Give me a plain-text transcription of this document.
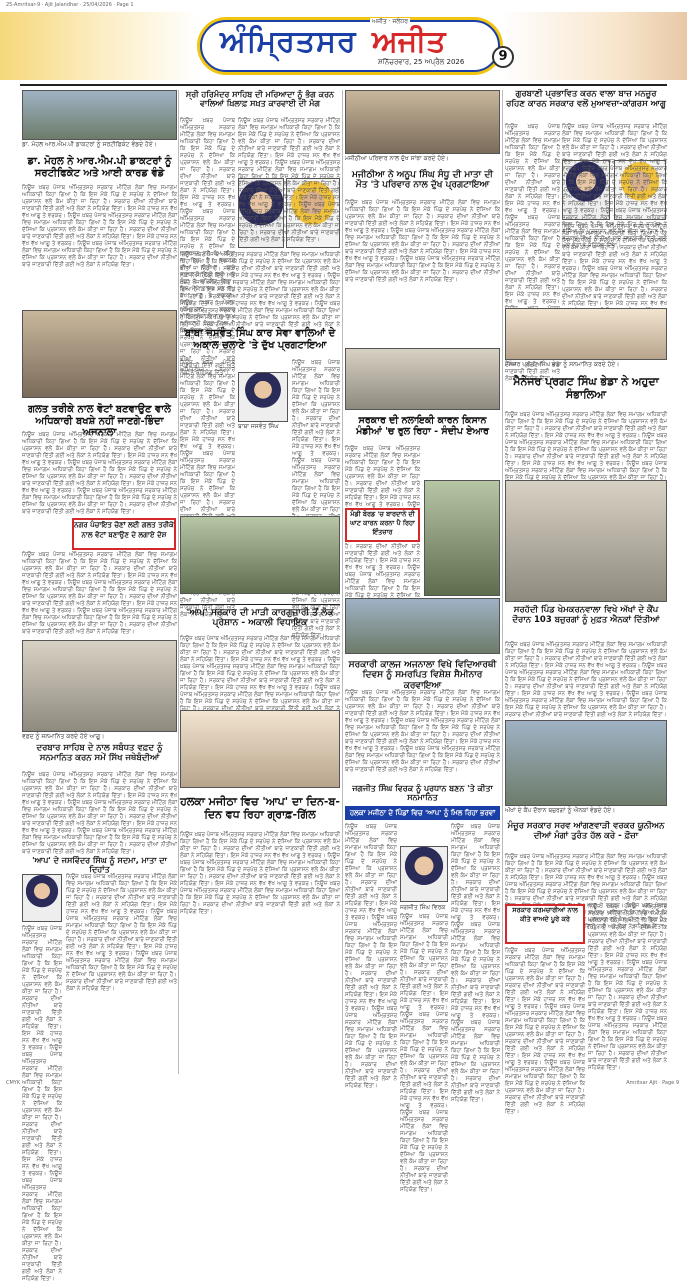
25-Amritsar-9 · Ajit Jalandhar · 25/04/2026 · Page 1
ਅਜੀਤ · ਜਲੰਧਰ
ਅੰਮ੍ਰਿਤਸਰ ਅਜੀਤ
ਸ਼ਨਿੱਚਰਵਾਰ, 25 ਅਪ੍ਰੈਲ 2026	9
ਡਾ. ਮੋਹਲ ਆਰ.ਐਮ.ਪੀ ਡਾਕਟਰਾਂ ਨੂੰ ਸਰਟੀਫਿਕੇਟ ਵੰਡਦੇ ਹੋਏ।
ਡਾ. ਮੋਹਲ ਨੇ ਆਰ.ਐਮ.ਪੀ ਡਾਕਟਰਾਂ ਨੂੰ ਸਰਟੀਫਿਕੇਟ ਅਤੇ ਆਈ ਕਾਰਡ ਵੰਡੇ
ਨਿਊਜ਼ ਖ਼ਬਰ ਪੰਜਾਬ ਅੰਮ੍ਰਿਤਸਰ ਸਰਕਾਰ ਮੀਟਿੰਗ ਲੋਕਾਂ ਵਿਚ ਸਮਾਗਮ ਅਧਿਕਾਰੀ ਕਿਹਾ ਗਿਆ ਹੈ ਕਿ ਇਸ ਮੌਕੇ ਪਿੰਡ ਦੇ ਸਰਪੰਚ ਨੇ ਦੱਸਿਆ ਕਿ ਪ੍ਰਸ਼ਾਸਨ ਵਲੋਂ ਕੰਮ ਕੀਤਾ ਜਾ ਰਿਹਾ ਹੈ। ਸਰਕਾਰ ਦੀਆਂ ਨੀਤੀਆਂ ਬਾਰੇ ਜਾਣਕਾਰੀ ਦਿੱਤੀ ਗਈ ਅਤੇ ਲੋਕਾਂ ਨੇ ਸਹਿਯੋਗ ਦਿੱਤਾ। ਇਸ ਮੌਕੇ ਹਾਜ਼ਰ ਸਨ ਵੱਖ ਵੱਖ ਆਗੂ ਤੇ ਵਰਕਰ। ਨਿਊਜ਼ ਖ਼ਬਰ ਪੰਜਾਬ ਅੰਮ੍ਰਿਤਸਰ ਸਰਕਾਰ ਮੀਟਿੰਗ ਲੋਕਾਂ ਵਿਚ ਸਮਾਗਮ ਅਧਿਕਾਰੀ ਕਿਹਾ ਗਿਆ ਹੈ ਕਿ ਇਸ ਮੌਕੇ ਪਿੰਡ ਦੇ ਸਰਪੰਚ ਨੇ ਦੱਸਿਆ ਕਿ ਪ੍ਰਸ਼ਾਸਨ ਵਲੋਂ ਕੰਮ ਕੀਤਾ ਜਾ ਰਿਹਾ ਹੈ। ਸਰਕਾਰ ਦੀਆਂ ਨੀਤੀਆਂ ਬਾਰੇ ਜਾਣਕਾਰੀ ਦਿੱਤੀ ਗਈ ਅਤੇ ਲੋਕਾਂ ਨੇ ਸਹਿਯੋਗ ਦਿੱਤਾ। ਇਸ ਮੌਕੇ ਹਾਜ਼ਰ ਸਨ ਵੱਖ ਵੱਖ ਆਗੂ ਤੇ ਵਰਕਰ। ਨਿਊਜ਼ ਖ਼ਬਰ ਪੰਜਾਬ ਅੰਮ੍ਰਿਤਸਰ ਸਰਕਾਰ ਮੀਟਿੰਗ ਲੋਕਾਂ ਵਿਚ ਸਮਾਗਮ ਅਧਿਕਾਰੀ ਕਿਹਾ ਗਿਆ ਹੈ ਕਿ ਇਸ ਮੌਕੇ ਪਿੰਡ ਦੇ ਸਰਪੰਚ ਨੇ ਦੱਸਿਆ ਕਿ ਪ੍ਰਸ਼ਾਸਨ ਵਲੋਂ ਕੰਮ ਕੀਤਾ ਜਾ ਰਿਹਾ ਹੈ। ਸਰਕਾਰ ਦੀਆਂ ਨੀਤੀਆਂ ਬਾਰੇ ਜਾਣਕਾਰੀ ਦਿੱਤੀ ਗਈ ਅਤੇ ਲੋਕਾਂ ਨੇ ਸਹਿਯੋਗ ਦਿੱਤਾ।
ਗਲਤ ਤਰੀਕੇ ਨਾਲ ਵੋਟਾਂ ਬਣਵਾਉਣ ਵਾਲੇ ਅਧਿਕਾਰੀ ਬਖਸ਼ੇ ਨਹੀਂ ਜਾਣਗੇ-ਭਿੰਦਾ ਅਜਨਾਲਾ
ਨਿਊਜ਼ ਖ਼ਬਰ ਪੰਜਾਬ ਅੰਮ੍ਰਿਤਸਰ ਸਰਕਾਰ ਮੀਟਿੰਗ ਲੋਕਾਂ ਵਿਚ ਸਮਾਗਮ ਅਧਿਕਾਰੀ ਕਿਹਾ ਗਿਆ ਹੈ ਕਿ ਇਸ ਮੌਕੇ ਪਿੰਡ ਦੇ ਸਰਪੰਚ ਨੇ ਦੱਸਿਆ ਕਿ ਪ੍ਰਸ਼ਾਸਨ ਵਲੋਂ ਕੰਮ ਕੀਤਾ ਜਾ ਰਿਹਾ ਹੈ। ਸਰਕਾਰ ਦੀਆਂ ਨੀਤੀਆਂ ਬਾਰੇ ਜਾਣਕਾਰੀ ਦਿੱਤੀ ਗਈ ਅਤੇ ਲੋਕਾਂ ਨੇ ਸਹਿਯੋਗ ਦਿੱਤਾ। ਇਸ ਮੌਕੇ ਹਾਜ਼ਰ ਸਨ ਵੱਖ ਵੱਖ ਆਗੂ ਤੇ ਵਰਕਰ। ਨਿਊਜ਼ ਖ਼ਬਰ ਪੰਜਾਬ ਅੰਮ੍ਰਿਤਸਰ ਸਰਕਾਰ ਮੀਟਿੰਗ ਲੋਕਾਂ ਵਿਚ ਸਮਾਗਮ ਅਧਿਕਾਰੀ ਕਿਹਾ ਗਿਆ ਹੈ ਕਿ ਇਸ ਮੌਕੇ ਪਿੰਡ ਦੇ ਸਰਪੰਚ ਨੇ ਦੱਸਿਆ ਕਿ ਪ੍ਰਸ਼ਾਸਨ ਵਲੋਂ ਕੰਮ ਕੀਤਾ ਜਾ ਰਿਹਾ ਹੈ। ਸਰਕਾਰ ਦੀਆਂ ਨੀਤੀਆਂ ਬਾਰੇ ਜਾਣਕਾਰੀ ਦਿੱਤੀ ਗਈ ਅਤੇ ਲੋਕਾਂ ਨੇ ਸਹਿਯੋਗ ਦਿੱਤਾ। ਇਸ ਮੌਕੇ ਹਾਜ਼ਰ ਸਨ ਵੱਖ ਵੱਖ ਆਗੂ ਤੇ ਵਰਕਰ। ਨਿਊਜ਼ ਖ਼ਬਰ ਪੰਜਾਬ ਅੰਮ੍ਰਿਤਸਰ ਸਰਕਾਰ ਮੀਟਿੰਗ ਲੋਕਾਂ ਵਿਚ ਸਮਾਗਮ ਅਧਿਕਾਰੀ ਕਿਹਾ ਗਿਆ ਹੈ ਕਿ ਇਸ ਮੌਕੇ ਪਿੰਡ ਦੇ ਸਰਪੰਚ ਨੇ ਦੱਸਿਆ ਕਿ ਪ੍ਰਸ਼ਾਸਨ ਵਲੋਂ ਕੰਮ ਕੀਤਾ ਜਾ ਰਿਹਾ ਹੈ। ਸਰਕਾਰ ਦੀਆਂ ਨੀਤੀਆਂ ਬਾਰੇ ਜਾਣਕਾਰੀ ਦਿੱਤੀ ਗਈ ਅਤੇ ਲੋਕਾਂ ਨੇ ਸਹਿਯੋਗ ਦਿੱਤਾ।
ਨਗਰ ਪੰਚਾਇਤ ਚੋਣਾਂ ਲਈ ਗਲਤ ਤਰੀਕੇ ਨਾਲ ਵੋਟਾਂ ਬਣਾਉਣ ਦੇ ਲਗਾਏ ਦੋਸ਼
ਨਿਊਜ਼ ਖ਼ਬਰ ਪੰਜਾਬ ਅੰਮ੍ਰਿਤਸਰ ਸਰਕਾਰ ਮੀਟਿੰਗ ਲੋਕਾਂ ਵਿਚ ਸਮਾਗਮ ਅਧਿਕਾਰੀ ਕਿਹਾ ਗਿਆ ਹੈ ਕਿ ਇਸ ਮੌਕੇ ਪਿੰਡ ਦੇ ਸਰਪੰਚ ਨੇ ਦੱਸਿਆ ਕਿ ਪ੍ਰਸ਼ਾਸਨ ਵਲੋਂ ਕੰਮ ਕੀਤਾ ਜਾ ਰਿਹਾ ਹੈ। ਸਰਕਾਰ ਦੀਆਂ ਨੀਤੀਆਂ ਬਾਰੇ ਜਾਣਕਾਰੀ ਦਿੱਤੀ ਗਈ ਅਤੇ ਲੋਕਾਂ ਨੇ ਸਹਿਯੋਗ ਦਿੱਤਾ। ਇਸ ਮੌਕੇ ਹਾਜ਼ਰ ਸਨ ਵੱਖ ਵੱਖ ਆਗੂ ਤੇ ਵਰਕਰ। ਨਿਊਜ਼ ਖ਼ਬਰ ਪੰਜਾਬ ਅੰਮ੍ਰਿਤਸਰ ਸਰਕਾਰ ਮੀਟਿੰਗ ਲੋਕਾਂ ਵਿਚ ਸਮਾਗਮ ਅਧਿਕਾਰੀ ਕਿਹਾ ਗਿਆ ਹੈ ਕਿ ਇਸ ਮੌਕੇ ਪਿੰਡ ਦੇ ਸਰਪੰਚ ਨੇ ਦੱਸਿਆ ਕਿ ਪ੍ਰਸ਼ਾਸਨ ਵਲੋਂ ਕੰਮ ਕੀਤਾ ਜਾ ਰਿਹਾ ਹੈ। ਸਰਕਾਰ ਦੀਆਂ ਨੀਤੀਆਂ ਬਾਰੇ ਜਾਣਕਾਰੀ ਦਿੱਤੀ ਗਈ ਅਤੇ ਲੋਕਾਂ ਨੇ ਸਹਿਯੋਗ ਦਿੱਤਾ। ਇਸ ਮੌਕੇ ਹਾਜ਼ਰ ਸਨ ਵੱਖ ਵੱਖ ਆਗੂ ਤੇ ਵਰਕਰ। ਨਿਊਜ਼ ਖ਼ਬਰ ਪੰਜਾਬ ਅੰਮ੍ਰਿਤਸਰ ਸਰਕਾਰ ਮੀਟਿੰਗ ਲੋਕਾਂ ਵਿਚ ਸਮਾਗਮ ਅਧਿਕਾਰੀ ਕਿਹਾ ਗਿਆ ਹੈ ਕਿ ਇਸ ਮੌਕੇ ਪਿੰਡ ਦੇ ਸਰਪੰਚ ਨੇ ਦੱਸਿਆ ਕਿ ਪ੍ਰਸ਼ਾਸਨ ਵਲੋਂ ਕੰਮ ਕੀਤਾ ਜਾ ਰਿਹਾ ਹੈ। ਸਰਕਾਰ ਦੀਆਂ ਨੀਤੀਆਂ ਬਾਰੇ ਜਾਣਕਾਰੀ ਦਿੱਤੀ ਗਈ ਅਤੇ ਲੋਕਾਂ ਨੇ ਸਹਿਯੋਗ ਦਿੱਤਾ।
ਵਫ਼ਦ ਨੂੰ ਸਨਮਾਨਿਤ ਕਰਦੇ ਹੋਏ ਆਗੂ।
ਦਰਬਾਰ ਸਾਹਿਬ ਦੇ ਨਾਲ ਸਬੰਧਤ ਵਫ਼ਦ ਨੂੰ ਸਨਮਾਨਿਤ ਕਰਨ ਸਮੇਂ ਸਿੱਖ ਜਥੇਬੰਦੀਆਂ
ਨਿਊਜ਼ ਖ਼ਬਰ ਪੰਜਾਬ ਅੰਮ੍ਰਿਤਸਰ ਸਰਕਾਰ ਮੀਟਿੰਗ ਲੋਕਾਂ ਵਿਚ ਸਮਾਗਮ ਅਧਿਕਾਰੀ ਕਿਹਾ ਗਿਆ ਹੈ ਕਿ ਇਸ ਮੌਕੇ ਪਿੰਡ ਦੇ ਸਰਪੰਚ ਨੇ ਦੱਸਿਆ ਕਿ ਪ੍ਰਸ਼ਾਸਨ ਵਲੋਂ ਕੰਮ ਕੀਤਾ ਜਾ ਰਿਹਾ ਹੈ। ਸਰਕਾਰ ਦੀਆਂ ਨੀਤੀਆਂ ਬਾਰੇ ਜਾਣਕਾਰੀ ਦਿੱਤੀ ਗਈ ਅਤੇ ਲੋਕਾਂ ਨੇ ਸਹਿਯੋਗ ਦਿੱਤਾ। ਇਸ ਮੌਕੇ ਹਾਜ਼ਰ ਸਨ ਵੱਖ ਵੱਖ ਆਗੂ ਤੇ ਵਰਕਰ। ਨਿਊਜ਼ ਖ਼ਬਰ ਪੰਜਾਬ ਅੰਮ੍ਰਿਤਸਰ ਸਰਕਾਰ ਮੀਟਿੰਗ ਲੋਕਾਂ ਵਿਚ ਸਮਾਗਮ ਅਧਿਕਾਰੀ ਕਿਹਾ ਗਿਆ ਹੈ ਕਿ ਇਸ ਮੌਕੇ ਪਿੰਡ ਦੇ ਸਰਪੰਚ ਨੇ ਦੱਸਿਆ ਕਿ ਪ੍ਰਸ਼ਾਸਨ ਵਲੋਂ ਕੰਮ ਕੀਤਾ ਜਾ ਰਿਹਾ ਹੈ। ਸਰਕਾਰ ਦੀਆਂ ਨੀਤੀਆਂ ਬਾਰੇ ਜਾਣਕਾਰੀ ਦਿੱਤੀ ਗਈ ਅਤੇ ਲੋਕਾਂ ਨੇ ਸਹਿਯੋਗ ਦਿੱਤਾ। ਇਸ ਮੌਕੇ ਹਾਜ਼ਰ ਸਨ ਵੱਖ ਵੱਖ ਆਗੂ ਤੇ ਵਰਕਰ। ਨਿਊਜ਼ ਖ਼ਬਰ ਪੰਜਾਬ ਅੰਮ੍ਰਿਤਸਰ ਸਰਕਾਰ ਮੀਟਿੰਗ ਲੋਕਾਂ ਵਿਚ ਸਮਾਗਮ ਅਧਿਕਾਰੀ ਕਿਹਾ ਗਿਆ ਹੈ ਕਿ ਇਸ ਮੌਕੇ ਪਿੰਡ ਦੇ ਸਰਪੰਚ ਨੇ ਦੱਸਿਆ ਕਿ ਪ੍ਰਸ਼ਾਸਨ ਵਲੋਂ ਕੰਮ ਕੀਤਾ ਜਾ ਰਿਹਾ ਹੈ। ਸਰਕਾਰ ਦੀਆਂ ਨੀਤੀਆਂ ਬਾਰੇ ਜਾਣਕਾਰੀ ਦਿੱਤੀ ਗਈ ਅਤੇ ਲੋਕਾਂ ਨੇ ਸਹਿਯੋਗ ਦਿੱਤਾ।
'ਆਪ' ਦੇ ਜਸਵਿੰਦਰ ਸਿੰਘ ਨੂੰ ਸਦਮਾ, ਮਾਤਾ ਦਾ ਦਿਹਾਂਤ
ਨਿਊਜ਼ ਖ਼ਬਰ ਪੰਜਾਬ ਅੰਮ੍ਰਿਤਸਰ ਸਰਕਾਰ ਮੀਟਿੰਗ ਲੋਕਾਂ ਵਿਚ ਸਮਾਗਮ ਅਧਿਕਾਰੀ ਕਿਹਾ ਗਿਆ ਹੈ ਕਿ ਇਸ ਮੌਕੇ ਪਿੰਡ ਦੇ ਸਰਪੰਚ ਨੇ ਦੱਸਿਆ ਕਿ ਪ੍ਰਸ਼ਾਸਨ ਵਲੋਂ ਕੰਮ ਕੀਤਾ ਜਾ ਰਿਹਾ ਹੈ। ਸਰਕਾਰ ਦੀਆਂ ਨੀਤੀਆਂ ਬਾਰੇ ਜਾਣਕਾਰੀ ਦਿੱਤੀ ਗਈ ਅਤੇ ਲੋਕਾਂ ਨੇ ਸਹਿਯੋਗ ਦਿੱਤਾ। ਇਸ ਮੌਕੇ ਹਾਜ਼ਰ ਸਨ ਵੱਖ ਵੱਖ ਆਗੂ ਤੇ ਵਰਕਰ। ਨਿਊਜ਼ ਖ਼ਬਰ ਪੰਜਾਬ ਅੰਮ੍ਰਿਤਸਰ ਸਰਕਾਰ ਮੀਟਿੰਗ ਲੋਕਾਂ ਵਿਚ ਸਮਾਗਮ ਅਧਿਕਾਰੀ ਕਿਹਾ ਗਿਆ ਹੈ ਕਿ ਇਸ ਮੌਕੇ ਪਿੰਡ ਦੇ ਸਰਪੰਚ ਨੇ ਦੱਸਿਆ ਕਿ ਪ੍ਰਸ਼ਾਸਨ ਵਲੋਂ ਕੰਮ ਕੀਤਾ ਜਾ ਰਿਹਾ ਹੈ। ਸਰਕਾਰ ਦੀਆਂ ਨੀਤੀਆਂ ਬਾਰੇ ਜਾਣਕਾਰੀ ਦਿੱਤੀ ਗਈ ਅਤੇ ਲੋਕਾਂ ਨੇ ਸਹਿਯੋਗ ਦਿੱਤਾ। ਇਸ ਮੌਕੇ ਹਾਜ਼ਰ ਸਨ ਵੱਖ ਵੱਖ ਆਗੂ ਤੇ ਵਰਕਰ। ਨਿਊਜ਼ ਖ਼ਬਰ ਪੰਜਾਬ ਅੰਮ੍ਰਿਤਸਰ ਸਰਕਾਰ ਮੀਟਿੰਗ ਲੋਕਾਂ ਵਿਚ ਸਮਾਗਮ ਅਧਿਕਾਰੀ ਕਿਹਾ ਗਿਆ ਹੈ ਕਿ ਇਸ ਮੌਕੇ ਪਿੰਡ ਦੇ ਸਰਪੰਚ ਨੇ ਦੱਸਿਆ ਕਿ ਪ੍ਰਸ਼ਾਸਨ ਵਲੋਂ ਕੰਮ ਕੀਤਾ ਜਾ ਰਿਹਾ ਹੈ। ਸਰਕਾਰ ਦੀਆਂ ਨੀਤੀਆਂ ਬਾਰੇ ਜਾਣਕਾਰੀ ਦਿੱਤੀ ਗਈ ਅਤੇ ਲੋਕਾਂ ਨੇ ਸਹਿਯੋਗ ਦਿੱਤਾ।
ਨਿਊਜ਼ ਖ਼ਬਰ ਪੰਜਾਬ ਅੰਮ੍ਰਿਤਸਰ ਸਰਕਾਰ ਮੀਟਿੰਗ ਲੋਕਾਂ ਵਿਚ ਸਮਾਗਮ ਅਧਿਕਾਰੀ ਕਿਹਾ ਗਿਆ ਹੈ ਕਿ ਇਸ ਮੌਕੇ ਪਿੰਡ ਦੇ ਸਰਪੰਚ ਨੇ ਦੱਸਿਆ ਕਿ ਪ੍ਰਸ਼ਾਸਨ ਵਲੋਂ ਕੰਮ ਕੀਤਾ ਜਾ ਰਿਹਾ ਹੈ। ਸਰਕਾਰ ਦੀਆਂ ਨੀਤੀਆਂ ਬਾਰੇ ਜਾਣਕਾਰੀ ਦਿੱਤੀ ਗਈ ਅਤੇ ਲੋਕਾਂ ਨੇ ਸਹਿਯੋਗ ਦਿੱਤਾ। ਇਸ ਮੌਕੇ ਹਾਜ਼ਰ ਸਨ ਵੱਖ ਵੱਖ ਆਗੂ ਤੇ ਵਰਕਰ। ਨਿਊਜ਼ ਖ਼ਬਰ ਪੰਜਾਬ ਅੰਮ੍ਰਿਤਸਰ ਸਰਕਾਰ ਮੀਟਿੰਗ ਲੋਕਾਂ ਵਿਚ ਸਮਾਗਮ ਅਧਿਕਾਰੀ ਕਿਹਾ ਗਿਆ ਹੈ ਕਿ ਇਸ ਮੌਕੇ ਪਿੰਡ ਦੇ ਸਰਪੰਚ ਨੇ ਦੱਸਿਆ ਕਿ ਪ੍ਰਸ਼ਾਸਨ ਵਲੋਂ ਕੰਮ ਕੀਤਾ ਜਾ ਰਿਹਾ ਹੈ। ਸਰਕਾਰ ਦੀਆਂ ਨੀਤੀਆਂ ਬਾਰੇ ਜਾਣਕਾਰੀ ਦਿੱਤੀ ਗਈ ਅਤੇ ਲੋਕਾਂ ਨੇ ਸਹਿਯੋਗ ਦਿੱਤਾ। ਇਸ ਮੌਕੇ ਹਾਜ਼ਰ ਸਨ ਵੱਖ ਵੱਖ ਆਗੂ ਤੇ ਵਰਕਰ। ਨਿਊਜ਼ ਖ਼ਬਰ ਪੰਜਾਬ ਅੰਮ੍ਰਿਤਸਰ ਸਰਕਾਰ ਮੀਟਿੰਗ ਲੋਕਾਂ ਵਿਚ ਸਮਾਗਮ ਅਧਿਕਾਰੀ ਕਿਹਾ ਗਿਆ ਹੈ ਕਿ ਇਸ ਮੌਕੇ ਪਿੰਡ ਦੇ ਸਰਪੰਚ ਨੇ ਦੱਸਿਆ ਕਿ ਪ੍ਰਸ਼ਾਸਨ ਵਲੋਂ ਕੰਮ ਕੀਤਾ ਜਾ ਰਿਹਾ ਹੈ। ਸਰਕਾਰ ਦੀਆਂ ਨੀਤੀਆਂ ਬਾਰੇ ਜਾਣਕਾਰੀ ਦਿੱਤੀ ਗਈ ਅਤੇ ਲੋਕਾਂ ਨੇ ਸਹਿਯੋਗ ਦਿੱਤਾ।
ਸ੍ਰੀ ਹਰਿਮੰਦਰ ਸਾਹਿਬ ਦੀ ਮਰਿਆਦਾ ਨੂੰ ਭੰਗ ਕਰਨ ਵਾਲਿਆਂ ਖ਼ਿਲਾਫ਼ ਸਖ਼ਤ ਕਾਰਵਾਈ ਦੀ ਮੰਗ
ਨਿਊਜ਼ ਖ਼ਬਰ ਪੰਜਾਬ ਅੰਮ੍ਰਿਤਸਰ ਸਰਕਾਰ ਮੀਟਿੰਗ ਲੋਕਾਂ ਵਿਚ ਸਮਾਗਮ ਅਧਿਕਾਰੀ ਕਿਹਾ ਗਿਆ ਹੈ ਕਿ ਇਸ ਮੌਕੇ ਪਿੰਡ ਦੇ ਸਰਪੰਚ ਨੇ ਦੱਸਿਆ ਕਿ ਪ੍ਰਸ਼ਾਸਨ ਵਲੋਂ ਕੰਮ ਕੀਤਾ ਜਾ ਰਿਹਾ ਹੈ। ਸਰਕਾਰ ਦੀਆਂ ਨੀਤੀਆਂ ਬਾਰੇ ਜਾਣਕਾਰੀ ਦਿੱਤੀ ਗਈ ਅਤੇ ਲੋਕਾਂ ਨੇ ਸਹਿਯੋਗ ਦਿੱਤਾ। ਇਸ ਮੌਕੇ ਹਾਜ਼ਰ ਸਨ ਵੱਖ ਵੱਖ ਆਗੂ ਤੇ ਵਰਕਰ। ਨਿਊਜ਼ ਖ਼ਬਰ ਪੰਜਾਬ ਅੰਮ੍ਰਿਤਸਰ ਸਰਕਾਰ ਮੀਟਿੰਗ ਲੋਕਾਂ ਵਿਚ ਸਮਾਗਮ ਅਧਿਕਾਰੀ ਕਿਹਾ ਗਿਆ ਹੈ ਕਿ ਇਸ ਮੌਕੇ ਪਿੰਡ ਦੇ ਸਰਪੰਚ ਨੇ ਦੱਸਿਆ ਕਿ ਪ੍ਰਸ਼ਾਸਨ ਵਲੋਂ ਕੰਮ ਕੀਤਾ ਜਾ ਰਿਹਾ ਹੈ। ਸਰਕਾਰ ਦੀਆਂ ਨੀਤੀਆਂ ਬਾਰੇ ਜਾਣਕਾਰੀ ਦਿੱਤੀ ਗਈ ਅਤੇ ਲੋਕਾਂ ਨੇ ਸਹਿਯੋਗ ਦਿੱਤਾ। ਇਸ ਮੌਕੇ ਹਾਜ਼ਰ ਸਨ ਵੱਖ ਵੱਖ ਆਗੂ ਤੇ ਵਰਕਰ। ਨਿਊਜ਼ ਖ਼ਬਰ ਪੰਜਾਬ ਅੰਮ੍ਰਿਤਸਰ ਸਰਕਾਰ ਮੀਟਿੰਗ ਲੋਕਾਂ ਵਿਚ ਸਮਾਗਮ ਅਧਿਕਾਰੀ ਕਿਹਾ ਗਿਆ ਹੈ ਕਿ ਇਸ ਮੌਕੇ ਪਿੰਡ ਦੇ ਸਰਪੰਚ ਨੇ ਦੱਸਿਆ ਕਿ ਪ੍ਰਸ਼ਾਸਨ ਵਲੋਂ ਕੰਮ ਕੀਤਾ ਜਾ ਰਿਹਾ ਹੈ। ਸਰਕਾਰ ਦੀਆਂ ਨੀਤੀਆਂ ਬਾਰੇ ਜਾਣਕਾਰੀ ਦਿੱਤੀ ਗਈ ਅਤੇ ਲੋਕਾਂ ਨੇ ਸਹਿਯੋਗ ਦਿੱਤਾ।
ਨਿਊਜ਼ ਖ਼ਬਰ ਪੰਜਾਬ ਅੰਮ੍ਰਿਤਸਰ ਸਰਕਾਰ ਮੀਟਿੰਗ ਲੋਕਾਂ ਵਿਚ ਸਮਾਗਮ ਅਧਿਕਾਰੀ ਕਿਹਾ ਗਿਆ ਹੈ ਕਿ ਇਸ ਮੌਕੇ ਪਿੰਡ ਦੇ ਸਰਪੰਚ ਨੇ ਦੱਸਿਆ ਕਿ ਪ੍ਰਸ਼ਾਸਨ ਵਲੋਂ ਕੰਮ ਕੀਤਾ ਜਾ ਰਿਹਾ ਹੈ। ਸਰਕਾਰ ਦੀਆਂ ਨੀਤੀਆਂ ਬਾਰੇ ਜਾਣਕਾਰੀ ਦਿੱਤੀ ਗਈ ਅਤੇ ਲੋਕਾਂ ਨੇ ਸਹਿਯੋਗ ਦਿੱਤਾ। ਇਸ ਮੌਕੇ ਹਾਜ਼ਰ ਸਨ ਵੱਖ ਵੱਖ ਆਗੂ ਤੇ ਵਰਕਰ। ਨਿਊਜ਼ ਖ਼ਬਰ ਪੰਜਾਬ ਅੰਮ੍ਰਿਤਸਰ ਸਰਕਾਰ ਮੀਟਿੰਗ ਲੋਕਾਂ ਵਿਚ ਸਮਾਗਮ ਅਧਿਕਾਰੀ ਕਿਹਾ ਗਿਆ ਹੈ ਕਿ ਇਸ ਮੌਕੇ ਪਿੰਡ ਦੇ ਸਰਪੰਚ ਨੇ ਦੱਸਿਆ ਕਿ ਪ੍ਰਸ਼ਾਸਨ ਵਲੋਂ ਕੰਮ ਕੀਤਾ ਜਾ ਰਿਹਾ ਹੈ। ਸਰਕਾਰ ਦੀਆਂ ਨੀਤੀਆਂ ਬਾਰੇ ਜਾਣਕਾਰੀ ਦਿੱਤੀ ਗਈ ਅਤੇ ਲੋਕਾਂ ਨੇ ਸਹਿਯੋਗ ਦਿੱਤਾ। ਇਸ ਮੌਕੇ ਹਾਜ਼ਰ ਸਨ ਵੱਖ ਵੱਖ ਆਗੂ ਤੇ ਵਰਕਰ। ਨਿਊਜ਼ ਖ਼ਬਰ ਪੰਜਾਬ ਅੰਮ੍ਰਿਤਸਰ ਸਰਕਾਰ ਮੀਟਿੰਗ ਲੋਕਾਂ ਵਿਚ ਸਮਾਗਮ ਅਧਿਕਾਰੀ ਕਿਹਾ ਗਿਆ ਹੈ ਕਿ ਇਸ ਮੌਕੇ ਪਿੰਡ ਦੇ ਸਰਪੰਚ ਨੇ ਦੱਸਿਆ ਕਿ ਪ੍ਰਸ਼ਾਸਨ ਵਲੋਂ ਕੰਮ ਕੀਤਾ ਜਾ ਰਿਹਾ ਹੈ। ਸਰਕਾਰ ਦੀਆਂ ਨੀਤੀਆਂ ਬਾਰੇ ਜਾਣਕਾਰੀ ਦਿੱਤੀ ਗਈ ਅਤੇ ਲੋਕਾਂ ਨੇ ਸਹਿਯੋਗ ਦਿੱਤਾ।
ਨਿਊਜ਼ ਖ਼ਬਰ ਪੰਜਾਬ ਅੰਮ੍ਰਿਤਸਰ ਸਰਕਾਰ ਮੀਟਿੰਗ ਲੋਕਾਂ ਵਿਚ ਸਮਾਗਮ ਅਧਿਕਾਰੀ ਕਿਹਾ ਗਿਆ ਹੈ ਕਿ ਇਸ ਮੌਕੇ ਪਿੰਡ ਦੇ ਸਰਪੰਚ ਨੇ ਦੱਸਿਆ ਕਿ ਪ੍ਰਸ਼ਾਸਨ ਵਲੋਂ ਕੰਮ ਕੀਤਾ ਜਾ ਰਿਹਾ ਹੈ। ਸਰਕਾਰ ਦੀਆਂ ਨੀਤੀਆਂ ਬਾਰੇ ਜਾਣਕਾਰੀ ਦਿੱਤੀ ਗਈ ਅਤੇ ਲੋਕਾਂ ਨੇ ਸਹਿਯੋਗ ਦਿੱਤਾ। ਇਸ ਮੌਕੇ ਹਾਜ਼ਰ ਸਨ ਵੱਖ ਵੱਖ ਆਗੂ ਤੇ ਵਰਕਰ। ਨਿਊਜ਼ ਖ਼ਬਰ ਪੰਜਾਬ ਅੰਮ੍ਰਿਤਸਰ ਸਰਕਾਰ ਮੀਟਿੰਗ ਲੋਕਾਂ ਵਿਚ ਸਮਾਗਮ ਅਧਿਕਾਰੀ ਕਿਹਾ ਗਿਆ ਹੈ ਕਿ ਇਸ ਮੌਕੇ ਪਿੰਡ ਦੇ ਸਰਪੰਚ ਨੇ ਦੱਸਿਆ ਕਿ ਪ੍ਰਸ਼ਾਸਨ ਵਲੋਂ ਕੰਮ ਕੀਤਾ ਜਾ ਰਿਹਾ ਹੈ। ਸਰਕਾਰ ਦੀਆਂ ਨੀਤੀਆਂ ਬਾਰੇ ਜਾਣਕਾਰੀ ਦਿੱਤੀ ਗਈ ਅਤੇ ਲੋਕਾਂ ਨੇ ਸਹਿਯੋਗ ਦਿੱਤਾ। ਇਸ ਮੌਕੇ ਹਾਜ਼ਰ ਸਨ ਵੱਖ ਵੱਖ ਆਗੂ ਤੇ ਵਰਕਰ। ਨਿਊਜ਼ ਖ਼ਬਰ ਪੰਜਾਬ ਅੰਮ੍ਰਿਤਸਰ ਸਰਕਾਰ ਮੀਟਿੰਗ ਲੋਕਾਂ ਵਿਚ ਸਮਾਗਮ ਅਧਿਕਾਰੀ ਕਿਹਾ ਗਿਆ ਹੈ ਕਿ ਇਸ ਮੌਕੇ ਪਿੰਡ ਦੇ ਸਰਪੰਚ ਨੇ ਦੱਸਿਆ ਕਿ ਪ੍ਰਸ਼ਾਸਨ ਵਲੋਂ ਕੰਮ ਕੀਤਾ ਜਾ ਰਿਹਾ ਹੈ। ਸਰਕਾਰ ਦੀਆਂ ਨੀਤੀਆਂ ਬਾਰੇ ਜਾਣਕਾਰੀ ਦਿੱਤੀ ਗਈ ਅਤੇ ਲੋਕਾਂ ਨੇ ਸਹਿਯੋਗ ਦਿੱਤਾ।
ਬਾਬਾ ਜਸਵੰਤ ਸਿੰਘ ਕਾਰ ਸੇਵਾ ਵਾਲਿਆਂ ਦੇ ਅਕਾਲ ਚਲਾਣੇ 'ਤੇ ਦੁੱਖ ਪ੍ਰਗਟਾਇਆ
ਨਿਊਜ਼ ਖ਼ਬਰ ਪੰਜਾਬ ਅੰਮ੍ਰਿਤਸਰ ਸਰਕਾਰ ਮੀਟਿੰਗ ਲੋਕਾਂ ਵਿਚ ਸਮਾਗਮ ਅਧਿਕਾਰੀ ਕਿਹਾ ਗਿਆ ਹੈ ਕਿ ਇਸ ਮੌਕੇ ਪਿੰਡ ਦੇ ਸਰਪੰਚ ਨੇ ਦੱਸਿਆ ਕਿ ਪ੍ਰਸ਼ਾਸਨ ਵਲੋਂ ਕੰਮ ਕੀਤਾ ਜਾ ਰਿਹਾ ਹੈ। ਸਰਕਾਰ ਦੀਆਂ ਨੀਤੀਆਂ ਬਾਰੇ ਜਾਣਕਾਰੀ ਦਿੱਤੀ ਗਈ ਅਤੇ ਲੋਕਾਂ ਨੇ ਸਹਿਯੋਗ ਦਿੱਤਾ। ਇਸ ਮੌਕੇ ਹਾਜ਼ਰ ਸਨ ਵੱਖ ਵੱਖ ਆਗੂ ਤੇ ਵਰਕਰ। ਨਿਊਜ਼ ਖ਼ਬਰ ਪੰਜਾਬ ਅੰਮ੍ਰਿਤਸਰ ਸਰਕਾਰ ਮੀਟਿੰਗ ਲੋਕਾਂ ਵਿਚ ਸਮਾਗਮ ਅਧਿਕਾਰੀ ਕਿਹਾ ਗਿਆ ਹੈ ਕਿ ਇਸ ਮੌਕੇ ਪਿੰਡ ਦੇ ਸਰਪੰਚ ਨੇ ਦੱਸਿਆ ਕਿ ਪ੍ਰਸ਼ਾਸਨ ਵਲੋਂ ਕੰਮ ਕੀਤਾ ਜਾ ਰਿਹਾ ਹੈ। ਸਰਕਾਰ ਦੀਆਂ ਨੀਤੀਆਂ ਬਾਰੇ ਜਾਣਕਾਰੀ ਦਿੱਤੀ ਗਈ ਅਤੇ ਲੋਕਾਂ ਨੇ ਸਹਿਯੋਗ ਦਿੱਤਾ। ਇਸ ਮੌਕੇ ਹਾਜ਼ਰ ਸਨ ਵੱਖ ਵੱਖ ਆਗੂ ਤੇ ਵਰਕਰ। ਨਿਊਜ਼ ਖ਼ਬਰ ਪੰਜਾਬ ਅੰਮ੍ਰਿਤਸਰ ਸਰਕਾਰ ਮੀਟਿੰਗ ਲੋਕਾਂ ਵਿਚ ਸਮਾਗਮ ਅਧਿਕਾਰੀ ਕਿਹਾ ਗਿਆ ਹੈ ਕਿ ਇਸ ਮੌਕੇ ਪਿੰਡ ਦੇ ਸਰਪੰਚ ਨੇ ਦੱਸਿਆ ਕਿ ਪ੍ਰਸ਼ਾਸਨ ਵਲੋਂ ਕੰਮ ਕੀਤਾ ਜਾ ਰਿਹਾ ਹੈ। ਸਰਕਾਰ ਦੀਆਂ ਨੀਤੀਆਂ ਬਾਰੇ ਜਾਣਕਾਰੀ ਦਿੱਤੀ ਗਈ ਅਤੇ ਲੋਕਾਂ ਨੇ ਸਹਿਯੋਗ ਦਿੱਤਾ।
ਬਾਬਾ ਜਸਵੰਤ ਸਿੰਘ
ਨਿਊਜ਼ ਖ਼ਬਰ ਪੰਜਾਬ ਅੰਮ੍ਰਿਤਸਰ ਸਰਕਾਰ ਮੀਟਿੰਗ ਲੋਕਾਂ ਵਿਚ ਸਮਾਗਮ ਅਧਿਕਾਰੀ ਕਿਹਾ ਗਿਆ ਹੈ ਕਿ ਇਸ ਮੌਕੇ ਪਿੰਡ ਦੇ ਸਰਪੰਚ ਨੇ ਦੱਸਿਆ ਕਿ ਪ੍ਰਸ਼ਾਸਨ ਵਲੋਂ ਕੰਮ ਕੀਤਾ ਜਾ ਰਿਹਾ ਹੈ। ਸਰਕਾਰ ਦੀਆਂ ਨੀਤੀਆਂ ਬਾਰੇ ਜਾਣਕਾਰੀ ਦਿੱਤੀ ਗਈ ਅਤੇ ਲੋਕਾਂ ਨੇ ਸਹਿਯੋਗ ਦਿੱਤਾ। ਇਸ ਮੌਕੇ ਹਾਜ਼ਰ ਸਨ ਵੱਖ ਵੱਖ ਆਗੂ ਤੇ ਵਰਕਰ। ਨਿਊਜ਼ ਖ਼ਬਰ ਪੰਜਾਬ ਅੰਮ੍ਰਿਤਸਰ ਸਰਕਾਰ ਮੀਟਿੰਗ ਲੋਕਾਂ ਵਿਚ ਸਮਾਗਮ ਅਧਿਕਾਰੀ ਕਿਹਾ ਗਿਆ ਹੈ ਕਿ ਇਸ ਮੌਕੇ ਪਿੰਡ ਦੇ ਸਰਪੰਚ ਨੇ ਦੱਸਿਆ ਕਿ ਪ੍ਰਸ਼ਾਸਨ ਵਲੋਂ ਕੰਮ ਕੀਤਾ ਜਾ ਰਿਹਾ ਹੈ। ਸਰਕਾਰ ਦੀਆਂ ਨੀਤੀਆਂ ਬਾਰੇ ਜਾਣਕਾਰੀ ਦਿੱਤੀ ਗਈ ਅਤੇ ਲੋਕਾਂ ਨੇ ਸਹਿਯੋਗ ਦਿੱਤਾ। ਇਸ ਮੌਕੇ ਹਾਜ਼ਰ ਸਨ ਵੱਖ ਵੱਖ ਆਗੂ ਤੇ ਵਰਕਰ। ਨਿਊਜ਼ ਖ਼ਬਰ ਪੰਜਾਬ ਅੰਮ੍ਰਿਤਸਰ ਸਰਕਾਰ ਮੀਟਿੰਗ ਲੋਕਾਂ ਵਿਚ ਸਮਾਗਮ ਅਧਿਕਾਰੀ ਕਿਹਾ ਗਿਆ ਹੈ ਕਿ ਇਸ ਮੌਕੇ ਪਿੰਡ ਦੇ ਸਰਪੰਚ ਨੇ ਦੱਸਿਆ ਕਿ ਪ੍ਰਸ਼ਾਸਨ ਵਲੋਂ ਕੰਮ ਕੀਤਾ ਜਾ ਰਿਹਾ ਹੈ। ਸਰਕਾਰ ਦੀਆਂ ਨੀਤੀਆਂ ਬਾਰੇ ਜਾਣਕਾਰੀ ਦਿੱਤੀ ਗਈ ਅਤੇ ਲੋਕਾਂ ਨੇ ਸਹਿਯੋਗ ਦਿੱਤਾ।
'ਆਪ' ਸਰਕਾਰ ਦੀ ਮਾੜੀ ਕਾਰਗੁਜ਼ਾਰੀ ਤੋਂ ਲੋਕ ਪ੍ਰੇਸ਼ਾਨ - ਅਕਾਲੀ ਵਿਧਾਇਕ
ਨਿਊਜ਼ ਖ਼ਬਰ ਪੰਜਾਬ ਅੰਮ੍ਰਿਤਸਰ ਸਰਕਾਰ ਮੀਟਿੰਗ ਲੋਕਾਂ ਵਿਚ ਸਮਾਗਮ ਅਧਿਕਾਰੀ ਕਿਹਾ ਗਿਆ ਹੈ ਕਿ ਇਸ ਮੌਕੇ ਪਿੰਡ ਦੇ ਸਰਪੰਚ ਨੇ ਦੱਸਿਆ ਕਿ ਪ੍ਰਸ਼ਾਸਨ ਵਲੋਂ ਕੰਮ ਕੀਤਾ ਜਾ ਰਿਹਾ ਹੈ। ਸਰਕਾਰ ਦੀਆਂ ਨੀਤੀਆਂ ਬਾਰੇ ਜਾਣਕਾਰੀ ਦਿੱਤੀ ਗਈ ਅਤੇ ਲੋਕਾਂ ਨੇ ਸਹਿਯੋਗ ਦਿੱਤਾ। ਇਸ ਮੌਕੇ ਹਾਜ਼ਰ ਸਨ ਵੱਖ ਵੱਖ ਆਗੂ ਤੇ ਵਰਕਰ। ਨਿਊਜ਼ ਖ਼ਬਰ ਪੰਜਾਬ ਅੰਮ੍ਰਿਤਸਰ ਸਰਕਾਰ ਮੀਟਿੰਗ ਲੋਕਾਂ ਵਿਚ ਸਮਾਗਮ ਅਧਿਕਾਰੀ ਕਿਹਾ ਗਿਆ ਹੈ ਕਿ ਇਸ ਮੌਕੇ ਪਿੰਡ ਦੇ ਸਰਪੰਚ ਨੇ ਦੱਸਿਆ ਕਿ ਪ੍ਰਸ਼ਾਸਨ ਵਲੋਂ ਕੰਮ ਕੀਤਾ ਜਾ ਰਿਹਾ ਹੈ। ਸਰਕਾਰ ਦੀਆਂ ਨੀਤੀਆਂ ਬਾਰੇ ਜਾਣਕਾਰੀ ਦਿੱਤੀ ਗਈ ਅਤੇ ਲੋਕਾਂ ਨੇ ਸਹਿਯੋਗ ਦਿੱਤਾ। ਇਸ ਮੌਕੇ ਹਾਜ਼ਰ ਸਨ ਵੱਖ ਵੱਖ ਆਗੂ ਤੇ ਵਰਕਰ। ਨਿਊਜ਼ ਖ਼ਬਰ ਪੰਜਾਬ ਅੰਮ੍ਰਿਤਸਰ ਸਰਕਾਰ ਮੀਟਿੰਗ ਲੋਕਾਂ ਵਿਚ ਸਮਾਗਮ ਅਧਿਕਾਰੀ ਕਿਹਾ ਗਿਆ ਹੈ ਕਿ ਇਸ ਮੌਕੇ ਪਿੰਡ ਦੇ ਸਰਪੰਚ ਨੇ ਦੱਸਿਆ ਕਿ ਪ੍ਰਸ਼ਾਸਨ ਵਲੋਂ ਕੰਮ ਕੀਤਾ ਜਾ ਰਿਹਾ ਹੈ। ਸਰਕਾਰ ਦੀਆਂ ਨੀਤੀਆਂ ਬਾਰੇ ਜਾਣਕਾਰੀ ਦਿੱਤੀ ਗਈ ਅਤੇ ਲੋਕਾਂ ਨੇ ਸਹਿਯੋਗ ਦਿੱਤਾ।
ਹਲਕਾ ਮਜੀਠਾ ਵਿਚ 'ਆਪ' ਦਾ ਦਿਨ-ਬ-ਦਿਨ ਵਧ ਰਿਹਾ ਗ੍ਰਾਫ਼-ਗਿੱਲ
ਨਿਊਜ਼ ਖ਼ਬਰ ਪੰਜਾਬ ਅੰਮ੍ਰਿਤਸਰ ਸਰਕਾਰ ਮੀਟਿੰਗ ਲੋਕਾਂ ਵਿਚ ਸਮਾਗਮ ਅਧਿਕਾਰੀ ਕਿਹਾ ਗਿਆ ਹੈ ਕਿ ਇਸ ਮੌਕੇ ਪਿੰਡ ਦੇ ਸਰਪੰਚ ਨੇ ਦੱਸਿਆ ਕਿ ਪ੍ਰਸ਼ਾਸਨ ਵਲੋਂ ਕੰਮ ਕੀਤਾ ਜਾ ਰਿਹਾ ਹੈ। ਸਰਕਾਰ ਦੀਆਂ ਨੀਤੀਆਂ ਬਾਰੇ ਜਾਣਕਾਰੀ ਦਿੱਤੀ ਗਈ ਅਤੇ ਲੋਕਾਂ ਨੇ ਸਹਿਯੋਗ ਦਿੱਤਾ। ਇਸ ਮੌਕੇ ਹਾਜ਼ਰ ਸਨ ਵੱਖ ਵੱਖ ਆਗੂ ਤੇ ਵਰਕਰ। ਨਿਊਜ਼ ਖ਼ਬਰ ਪੰਜਾਬ ਅੰਮ੍ਰਿਤਸਰ ਸਰਕਾਰ ਮੀਟਿੰਗ ਲੋਕਾਂ ਵਿਚ ਸਮਾਗਮ ਅਧਿਕਾਰੀ ਕਿਹਾ ਗਿਆ ਹੈ ਕਿ ਇਸ ਮੌਕੇ ਪਿੰਡ ਦੇ ਸਰਪੰਚ ਨੇ ਦੱਸਿਆ ਕਿ ਪ੍ਰਸ਼ਾਸਨ ਵਲੋਂ ਕੰਮ ਕੀਤਾ ਜਾ ਰਿਹਾ ਹੈ। ਸਰਕਾਰ ਦੀਆਂ ਨੀਤੀਆਂ ਬਾਰੇ ਜਾਣਕਾਰੀ ਦਿੱਤੀ ਗਈ ਅਤੇ ਲੋਕਾਂ ਨੇ ਸਹਿਯੋਗ ਦਿੱਤਾ। ਇਸ ਮੌਕੇ ਹਾਜ਼ਰ ਸਨ ਵੱਖ ਵੱਖ ਆਗੂ ਤੇ ਵਰਕਰ। ਨਿਊਜ਼ ਖ਼ਬਰ ਪੰਜਾਬ ਅੰਮ੍ਰਿਤਸਰ ਸਰਕਾਰ ਮੀਟਿੰਗ ਲੋਕਾਂ ਵਿਚ ਸਮਾਗਮ ਅਧਿਕਾਰੀ ਕਿਹਾ ਗਿਆ ਹੈ ਕਿ ਇਸ ਮੌਕੇ ਪਿੰਡ ਦੇ ਸਰਪੰਚ ਨੇ ਦੱਸਿਆ ਕਿ ਪ੍ਰਸ਼ਾਸਨ ਵਲੋਂ ਕੰਮ ਕੀਤਾ ਜਾ ਰਿਹਾ ਹੈ। ਸਰਕਾਰ ਦੀਆਂ ਨੀਤੀਆਂ ਬਾਰੇ ਜਾਣਕਾਰੀ ਦਿੱਤੀ ਗਈ ਅਤੇ ਲੋਕਾਂ ਨੇ ਸਹਿਯੋਗ ਦਿੱਤਾ।
ਮਜੀਠੀਆ ਪਰਿਵਾਰ ਨਾਲ ਦੁੱਖ ਸਾਂਝਾ ਕਰਦੇ ਹੋਏ।
ਮਜੀਠੀਆ ਨੇ ਅਨੂਪ ਸਿੰਘ ਸੰਧੂ ਦੀ ਮਾਤਾ ਦੀ ਮੌਤ 'ਤੇ ਪਰਿਵਾਰ ਨਾਲ ਦੁੱਖ ਪ੍ਰਗਟਾਇਆ
ਨਿਊਜ਼ ਖ਼ਬਰ ਪੰਜਾਬ ਅੰਮ੍ਰਿਤਸਰ ਸਰਕਾਰ ਮੀਟਿੰਗ ਲੋਕਾਂ ਵਿਚ ਸਮਾਗਮ ਅਧਿਕਾਰੀ ਕਿਹਾ ਗਿਆ ਹੈ ਕਿ ਇਸ ਮੌਕੇ ਪਿੰਡ ਦੇ ਸਰਪੰਚ ਨੇ ਦੱਸਿਆ ਕਿ ਪ੍ਰਸ਼ਾਸਨ ਵਲੋਂ ਕੰਮ ਕੀਤਾ ਜਾ ਰਿਹਾ ਹੈ। ਸਰਕਾਰ ਦੀਆਂ ਨੀਤੀਆਂ ਬਾਰੇ ਜਾਣਕਾਰੀ ਦਿੱਤੀ ਗਈ ਅਤੇ ਲੋਕਾਂ ਨੇ ਸਹਿਯੋਗ ਦਿੱਤਾ। ਇਸ ਮੌਕੇ ਹਾਜ਼ਰ ਸਨ ਵੱਖ ਵੱਖ ਆਗੂ ਤੇ ਵਰਕਰ। ਨਿਊਜ਼ ਖ਼ਬਰ ਪੰਜਾਬ ਅੰਮ੍ਰਿਤਸਰ ਸਰਕਾਰ ਮੀਟਿੰਗ ਲੋਕਾਂ ਵਿਚ ਸਮਾਗਮ ਅਧਿਕਾਰੀ ਕਿਹਾ ਗਿਆ ਹੈ ਕਿ ਇਸ ਮੌਕੇ ਪਿੰਡ ਦੇ ਸਰਪੰਚ ਨੇ ਦੱਸਿਆ ਕਿ ਪ੍ਰਸ਼ਾਸਨ ਵਲੋਂ ਕੰਮ ਕੀਤਾ ਜਾ ਰਿਹਾ ਹੈ। ਸਰਕਾਰ ਦੀਆਂ ਨੀਤੀਆਂ ਬਾਰੇ ਜਾਣਕਾਰੀ ਦਿੱਤੀ ਗਈ ਅਤੇ ਲੋਕਾਂ ਨੇ ਸਹਿਯੋਗ ਦਿੱਤਾ। ਇਸ ਮੌਕੇ ਹਾਜ਼ਰ ਸਨ ਵੱਖ ਵੱਖ ਆਗੂ ਤੇ ਵਰਕਰ। ਨਿਊਜ਼ ਖ਼ਬਰ ਪੰਜਾਬ ਅੰਮ੍ਰਿਤਸਰ ਸਰਕਾਰ ਮੀਟਿੰਗ ਲੋਕਾਂ ਵਿਚ ਸਮਾਗਮ ਅਧਿਕਾਰੀ ਕਿਹਾ ਗਿਆ ਹੈ ਕਿ ਇਸ ਮੌਕੇ ਪਿੰਡ ਦੇ ਸਰਪੰਚ ਨੇ ਦੱਸਿਆ ਕਿ ਪ੍ਰਸ਼ਾਸਨ ਵਲੋਂ ਕੰਮ ਕੀਤਾ ਜਾ ਰਿਹਾ ਹੈ। ਸਰਕਾਰ ਦੀਆਂ ਨੀਤੀਆਂ ਬਾਰੇ ਜਾਣਕਾਰੀ ਦਿੱਤੀ ਗਈ ਅਤੇ ਲੋਕਾਂ ਨੇ ਸਹਿਯੋਗ ਦਿੱਤਾ।
ਸਰਕਾਰ ਦੀ ਨਲਾਇਕੀ ਕਾਰਨ ਕਿਸਾਨ ਮੰਡੀਆਂ 'ਚ ਰੁਲ ਰਿਹਾ - ਸੰਦੀਪ ਏਆਰ
ਨਿਊਜ਼ ਖ਼ਬਰ ਪੰਜਾਬ ਅੰਮ੍ਰਿਤਸਰ ਸਰਕਾਰ ਮੀਟਿੰਗ ਲੋਕਾਂ ਵਿਚ ਸਮਾਗਮ ਅਧਿਕਾਰੀ ਕਿਹਾ ਗਿਆ ਹੈ ਕਿ ਇਸ ਮੌਕੇ ਪਿੰਡ ਦੇ ਸਰਪੰਚ ਨੇ ਦੱਸਿਆ ਕਿ ਪ੍ਰਸ਼ਾਸਨ ਵਲੋਂ ਕੰਮ ਕੀਤਾ ਜਾ ਰਿਹਾ ਹੈ। ਸਰਕਾਰ ਦੀਆਂ ਨੀਤੀਆਂ ਬਾਰੇ ਜਾਣਕਾਰੀ ਦਿੱਤੀ ਗਈ ਅਤੇ ਲੋਕਾਂ ਨੇ ਸਹਿਯੋਗ ਦਿੱਤਾ। ਇਸ ਮੌਕੇ ਹਾਜ਼ਰ ਸਨ ਵੱਖ ਵੱਖ ਆਗੂ ਤੇ ਵਰਕਰ। ਨਿਊਜ਼ ਖ਼ਬਰ ਪੰਜਾਬ ਅੰਮ੍ਰਿਤਸਰ ਸਰਕਾਰ ਮੀਟਿੰਗ ਲੋਕਾਂ ਵਿਚ ਸਮਾਗਮ ਅਧਿਕਾਰੀ ਕਿਹਾ ਗਿਆ ਹੈ ਕਿ ਇਸ ਮੌਕੇ ਪਿੰਡ ਦੇ ਸਰਪੰਚ ਨੇ ਦੱਸਿਆ ਕਿ ਪ੍ਰਸ਼ਾਸਨ ਵਲੋਂ ਕੰਮ ਕੀਤਾ ਜਾ ਰਿਹਾ ਹੈ। ਸਰਕਾਰ ਦੀਆਂ ਨੀਤੀਆਂ ਬਾਰੇ ਜਾਣਕਾਰੀ ਦਿੱਤੀ ਗਈ ਅਤੇ ਲੋਕਾਂ ਨੇ ਸਹਿਯੋਗ ਦਿੱਤਾ। ਇਸ ਮੌਕੇ ਹਾਜ਼ਰ ਸਨ ਵੱਖ ਵੱਖ ਆਗੂ ਤੇ ਵਰਕਰ। ਨਿਊਜ਼ ਖ਼ਬਰ ਪੰਜਾਬ ਅੰਮ੍ਰਿਤਸਰ ਸਰਕਾਰ ਮੀਟਿੰਗ ਲੋਕਾਂ ਵਿਚ ਸਮਾਗਮ ਅਧਿਕਾਰੀ ਕਿਹਾ ਗਿਆ ਹੈ ਕਿ ਇਸ ਮੌਕੇ ਪਿੰਡ ਦੇ ਸਰਪੰਚ ਨੇ ਦੱਸਿਆ ਕਿ ਪ੍ਰਸ਼ਾਸਨ ਵਲੋਂ ਕੰਮ ਕੀਤਾ ਜਾ ਰਿਹਾ ਹੈ। ਸਰਕਾਰ ਦੀਆਂ ਨੀਤੀਆਂ ਬਾਰੇ ਜਾਣਕਾਰੀ ਦਿੱਤੀ ਗਈ ਅਤੇ ਲੋਕਾਂ ਨੇ ਸਹਿਯੋਗ ਦਿੱਤਾ।
ਮੰਡੀ ਬੋਰਡ 'ਚ ਬਾਰਦਾਨੇ ਦੀ ਘਾਟ ਕਾਰਨ ਕਰਨਾ ਪੈ ਰਿਹਾ ਇੰਤਜ਼ਾਰ
ਸਰਕਾਰੀ ਕਾਲਜ ਅਜਨਾਲਾ ਵਿਖੇ ਵਿਦਿਆਰਥੀ ਦਿਵਸ ਨੂੰ ਸਮਰਪਿਤ ਵਿਸ਼ੇਸ਼ ਸੈਮੀਨਾਰ ਕਰਵਾਇਆ
ਨਿਊਜ਼ ਖ਼ਬਰ ਪੰਜਾਬ ਅੰਮ੍ਰਿਤਸਰ ਸਰਕਾਰ ਮੀਟਿੰਗ ਲੋਕਾਂ ਵਿਚ ਸਮਾਗਮ ਅਧਿਕਾਰੀ ਕਿਹਾ ਗਿਆ ਹੈ ਕਿ ਇਸ ਮੌਕੇ ਪਿੰਡ ਦੇ ਸਰਪੰਚ ਨੇ ਦੱਸਿਆ ਕਿ ਪ੍ਰਸ਼ਾਸਨ ਵਲੋਂ ਕੰਮ ਕੀਤਾ ਜਾ ਰਿਹਾ ਹੈ। ਸਰਕਾਰ ਦੀਆਂ ਨੀਤੀਆਂ ਬਾਰੇ ਜਾਣਕਾਰੀ ਦਿੱਤੀ ਗਈ ਅਤੇ ਲੋਕਾਂ ਨੇ ਸਹਿਯੋਗ ਦਿੱਤਾ। ਇਸ ਮੌਕੇ ਹਾਜ਼ਰ ਸਨ ਵੱਖ ਵੱਖ ਆਗੂ ਤੇ ਵਰਕਰ। ਨਿਊਜ਼ ਖ਼ਬਰ ਪੰਜਾਬ ਅੰਮ੍ਰਿਤਸਰ ਸਰਕਾਰ ਮੀਟਿੰਗ ਲੋਕਾਂ ਵਿਚ ਸਮਾਗਮ ਅਧਿਕਾਰੀ ਕਿਹਾ ਗਿਆ ਹੈ ਕਿ ਇਸ ਮੌਕੇ ਪਿੰਡ ਦੇ ਸਰਪੰਚ ਨੇ ਦੱਸਿਆ ਕਿ ਪ੍ਰਸ਼ਾਸਨ ਵਲੋਂ ਕੰਮ ਕੀਤਾ ਜਾ ਰਿਹਾ ਹੈ। ਸਰਕਾਰ ਦੀਆਂ ਨੀਤੀਆਂ ਬਾਰੇ ਜਾਣਕਾਰੀ ਦਿੱਤੀ ਗਈ ਅਤੇ ਲੋਕਾਂ ਨੇ ਸਹਿਯੋਗ ਦਿੱਤਾ। ਇਸ ਮੌਕੇ ਹਾਜ਼ਰ ਸਨ ਵੱਖ ਵੱਖ ਆਗੂ ਤੇ ਵਰਕਰ। ਨਿਊਜ਼ ਖ਼ਬਰ ਪੰਜਾਬ ਅੰਮ੍ਰਿਤਸਰ ਸਰਕਾਰ ਮੀਟਿੰਗ ਲੋਕਾਂ ਵਿਚ ਸਮਾਗਮ ਅਧਿਕਾਰੀ ਕਿਹਾ ਗਿਆ ਹੈ ਕਿ ਇਸ ਮੌਕੇ ਪਿੰਡ ਦੇ ਸਰਪੰਚ ਨੇ ਦੱਸਿਆ ਕਿ ਪ੍ਰਸ਼ਾਸਨ ਵਲੋਂ ਕੰਮ ਕੀਤਾ ਜਾ ਰਿਹਾ ਹੈ। ਸਰਕਾਰ ਦੀਆਂ ਨੀਤੀਆਂ ਬਾਰੇ ਜਾਣਕਾਰੀ ਦਿੱਤੀ ਗਈ ਅਤੇ ਲੋਕਾਂ ਨੇ ਸਹਿਯੋਗ ਦਿੱਤਾ।
ਜਗਜੀਤ ਸਿੰਘ ਵਿਰਕ ਨੂੰ ਪ੍ਰਧਾਨ ਬਣਨ 'ਤੇ ਕੀਤਾ ਸਨਮਾਨਿਤ
ਹਲਕਾ ਮਜੀਠਾ ਦੇ ਪਿੰਡਾਂ ਵਿਚ 'ਆਪ' ਨੂੰ ਮਿਲ ਰਿਹਾ ਭਰਵਾਂ ਹੁੰਗਾਰਾ
ਨਿਊਜ਼ ਖ਼ਬਰ ਪੰਜਾਬ ਅੰਮ੍ਰਿਤਸਰ ਸਰਕਾਰ ਮੀਟਿੰਗ ਲੋਕਾਂ ਵਿਚ ਸਮਾਗਮ ਅਧਿਕਾਰੀ ਕਿਹਾ ਗਿਆ ਹੈ ਕਿ ਇਸ ਮੌਕੇ ਪਿੰਡ ਦੇ ਸਰਪੰਚ ਨੇ ਦੱਸਿਆ ਕਿ ਪ੍ਰਸ਼ਾਸਨ ਵਲੋਂ ਕੰਮ ਕੀਤਾ ਜਾ ਰਿਹਾ ਹੈ। ਸਰਕਾਰ ਦੀਆਂ ਨੀਤੀਆਂ ਬਾਰੇ ਜਾਣਕਾਰੀ ਦਿੱਤੀ ਗਈ ਅਤੇ ਲੋਕਾਂ ਨੇ ਸਹਿਯੋਗ ਦਿੱਤਾ। ਇਸ ਮੌਕੇ ਹਾਜ਼ਰ ਸਨ ਵੱਖ ਵੱਖ ਆਗੂ ਤੇ ਵਰਕਰ। ਨਿਊਜ਼ ਖ਼ਬਰ ਪੰਜਾਬ ਅੰਮ੍ਰਿਤਸਰ ਸਰਕਾਰ ਮੀਟਿੰਗ ਲੋਕਾਂ ਵਿਚ ਸਮਾਗਮ ਅਧਿਕਾਰੀ ਕਿਹਾ ਗਿਆ ਹੈ ਕਿ ਇਸ ਮੌਕੇ ਪਿੰਡ ਦੇ ਸਰਪੰਚ ਨੇ ਦੱਸਿਆ ਕਿ ਪ੍ਰਸ਼ਾਸਨ ਵਲੋਂ ਕੰਮ ਕੀਤਾ ਜਾ ਰਿਹਾ ਹੈ। ਸਰਕਾਰ ਦੀਆਂ ਨੀਤੀਆਂ ਬਾਰੇ ਜਾਣਕਾਰੀ ਦਿੱਤੀ ਗਈ ਅਤੇ ਲੋਕਾਂ ਨੇ ਸਹਿਯੋਗ ਦਿੱਤਾ। ਇਸ ਮੌਕੇ ਹਾਜ਼ਰ ਸਨ ਵੱਖ ਵੱਖ ਆਗੂ ਤੇ ਵਰਕਰ। ਨਿਊਜ਼ ਖ਼ਬਰ ਪੰਜਾਬ ਅੰਮ੍ਰਿਤਸਰ ਸਰਕਾਰ ਮੀਟਿੰਗ ਲੋਕਾਂ ਵਿਚ ਸਮਾਗਮ ਅਧਿਕਾਰੀ ਕਿਹਾ ਗਿਆ ਹੈ ਕਿ ਇਸ ਮੌਕੇ ਪਿੰਡ ਦੇ ਸਰਪੰਚ ਨੇ ਦੱਸਿਆ ਕਿ ਪ੍ਰਸ਼ਾਸਨ ਵਲੋਂ ਕੰਮ ਕੀਤਾ ਜਾ ਰਿਹਾ ਹੈ। ਸਰਕਾਰ ਦੀਆਂ ਨੀਤੀਆਂ ਬਾਰੇ ਜਾਣਕਾਰੀ ਦਿੱਤੀ ਗਈ ਅਤੇ ਲੋਕਾਂ ਨੇ ਸਹਿਯੋਗ ਦਿੱਤਾ।
ਜਗਜੀਤ ਸਿੰਘ ਵਿਰਕ
ਨਿਊਜ਼ ਖ਼ਬਰ ਪੰਜਾਬ ਅੰਮ੍ਰਿਤਸਰ ਸਰਕਾਰ ਮੀਟਿੰਗ ਲੋਕਾਂ ਵਿਚ ਸਮਾਗਮ ਅਧਿਕਾਰੀ ਕਿਹਾ ਗਿਆ ਹੈ ਕਿ ਇਸ ਮੌਕੇ ਪਿੰਡ ਦੇ ਸਰਪੰਚ ਨੇ ਦੱਸਿਆ ਕਿ ਪ੍ਰਸ਼ਾਸਨ ਵਲੋਂ ਕੰਮ ਕੀਤਾ ਜਾ ਰਿਹਾ ਹੈ। ਸਰਕਾਰ ਦੀਆਂ ਨੀਤੀਆਂ ਬਾਰੇ ਜਾਣਕਾਰੀ ਦਿੱਤੀ ਗਈ ਅਤੇ ਲੋਕਾਂ ਨੇ ਸਹਿਯੋਗ ਦਿੱਤਾ। ਇਸ ਮੌਕੇ ਹਾਜ਼ਰ ਸਨ ਵੱਖ ਵੱਖ ਆਗੂ ਤੇ ਵਰਕਰ। ਨਿਊਜ਼ ਖ਼ਬਰ ਪੰਜਾਬ ਅੰਮ੍ਰਿਤਸਰ ਸਰਕਾਰ ਮੀਟਿੰਗ ਲੋਕਾਂ ਵਿਚ ਸਮਾਗਮ ਅਧਿਕਾਰੀ ਕਿਹਾ ਗਿਆ ਹੈ ਕਿ ਇਸ ਮੌਕੇ ਪਿੰਡ ਦੇ ਸਰਪੰਚ ਨੇ ਦੱਸਿਆ ਕਿ ਪ੍ਰਸ਼ਾਸਨ ਵਲੋਂ ਕੰਮ ਕੀਤਾ ਜਾ ਰਿਹਾ ਹੈ। ਸਰਕਾਰ ਦੀਆਂ ਨੀਤੀਆਂ ਬਾਰੇ ਜਾਣਕਾਰੀ ਦਿੱਤੀ ਗਈ ਅਤੇ ਲੋਕਾਂ ਨੇ ਸਹਿਯੋਗ ਦਿੱਤਾ। ਇਸ ਮੌਕੇ ਹਾਜ਼ਰ ਸਨ ਵੱਖ ਵੱਖ ਆਗੂ ਤੇ ਵਰਕਰ। ਨਿਊਜ਼ ਖ਼ਬਰ ਪੰਜਾਬ ਅੰਮ੍ਰਿਤਸਰ ਸਰਕਾਰ ਮੀਟਿੰਗ ਲੋਕਾਂ ਵਿਚ ਸਮਾਗਮ ਅਧਿਕਾਰੀ ਕਿਹਾ ਗਿਆ ਹੈ ਕਿ ਇਸ ਮੌਕੇ ਪਿੰਡ ਦੇ ਸਰਪੰਚ ਨੇ ਦੱਸਿਆ ਕਿ ਪ੍ਰਸ਼ਾਸਨ ਵਲੋਂ ਕੰਮ ਕੀਤਾ ਜਾ ਰਿਹਾ ਹੈ। ਸਰਕਾਰ ਦੀਆਂ ਨੀਤੀਆਂ ਬਾਰੇ ਜਾਣਕਾਰੀ ਦਿੱਤੀ ਗਈ ਅਤੇ ਲੋਕਾਂ ਨੇ ਸਹਿਯੋਗ ਦਿੱਤਾ।
ਨਿਊਜ਼ ਖ਼ਬਰ ਪੰਜਾਬ ਅੰਮ੍ਰਿਤਸਰ ਸਰਕਾਰ ਮੀਟਿੰਗ ਲੋਕਾਂ ਵਿਚ ਸਮਾਗਮ ਅਧਿਕਾਰੀ ਕਿਹਾ ਗਿਆ ਹੈ ਕਿ ਇਸ ਮੌਕੇ ਪਿੰਡ ਦੇ ਸਰਪੰਚ ਨੇ ਦੱਸਿਆ ਕਿ ਪ੍ਰਸ਼ਾਸਨ ਵਲੋਂ ਕੰਮ ਕੀਤਾ ਜਾ ਰਿਹਾ ਹੈ। ਸਰਕਾਰ ਦੀਆਂ ਨੀਤੀਆਂ ਬਾਰੇ ਜਾਣਕਾਰੀ ਦਿੱਤੀ ਗਈ ਅਤੇ ਲੋਕਾਂ ਨੇ ਸਹਿਯੋਗ ਦਿੱਤਾ। ਇਸ ਮੌਕੇ ਹਾਜ਼ਰ ਸਨ ਵੱਖ ਵੱਖ ਆਗੂ ਤੇ ਵਰਕਰ। ਨਿਊਜ਼ ਖ਼ਬਰ ਪੰਜਾਬ ਅੰਮ੍ਰਿਤਸਰ ਸਰਕਾਰ ਮੀਟਿੰਗ ਲੋਕਾਂ ਵਿਚ ਸਮਾਗਮ ਅਧਿਕਾਰੀ ਕਿਹਾ ਗਿਆ ਹੈ ਕਿ ਇਸ ਮੌਕੇ ਪਿੰਡ ਦੇ ਸਰਪੰਚ ਨੇ ਦੱਸਿਆ ਕਿ ਪ੍ਰਸ਼ਾਸਨ ਵਲੋਂ ਕੰਮ ਕੀਤਾ ਜਾ ਰਿਹਾ ਹੈ। ਸਰਕਾਰ ਦੀਆਂ ਨੀਤੀਆਂ ਬਾਰੇ ਜਾਣਕਾਰੀ ਦਿੱਤੀ ਗਈ ਅਤੇ ਲੋਕਾਂ ਨੇ ਸਹਿਯੋਗ ਦਿੱਤਾ। ਇਸ ਮੌਕੇ ਹਾਜ਼ਰ ਸਨ ਵੱਖ ਵੱਖ ਆਗੂ ਤੇ ਵਰਕਰ। ਨਿਊਜ਼ ਖ਼ਬਰ ਪੰਜਾਬ ਅੰਮ੍ਰਿਤਸਰ ਸਰਕਾਰ ਮੀਟਿੰਗ ਲੋਕਾਂ ਵਿਚ ਸਮਾਗਮ ਅਧਿਕਾਰੀ ਕਿਹਾ ਗਿਆ ਹੈ ਕਿ ਇਸ ਮੌਕੇ ਪਿੰਡ ਦੇ ਸਰਪੰਚ ਨੇ ਦੱਸਿਆ ਕਿ ਪ੍ਰਸ਼ਾਸਨ ਵਲੋਂ ਕੰਮ ਕੀਤਾ ਜਾ ਰਿਹਾ ਹੈ। ਸਰਕਾਰ ਦੀਆਂ ਨੀਤੀਆਂ ਬਾਰੇ ਜਾਣਕਾਰੀ ਦਿੱਤੀ ਗਈ ਅਤੇ ਲੋਕਾਂ ਨੇ ਸਹਿਯੋਗ ਦਿੱਤਾ।
ਗੁਰਬਾਣੀ ਪ੍ਰਭਾਵਿਤ ਕਰਨ ਵਾਲਾ ਬਾਜ਼ ਮਨਜ਼ੂਰ ਰਹਿਣ ਕਾਰਨ ਸਰਕਾਰ ਵਲੋਂ ਮੁਆਵਜ਼ਾ-ਕਾਂਗਰਸ ਆਗੂ
ਨਿਊਜ਼ ਖ਼ਬਰ ਪੰਜਾਬ ਅੰਮ੍ਰਿਤਸਰ ਸਰਕਾਰ ਮੀਟਿੰਗ ਲੋਕਾਂ ਵਿਚ ਸਮਾਗਮ ਅਧਿਕਾਰੀ ਕਿਹਾ ਗਿਆ ਹੈ ਕਿ ਇਸ ਮੌਕੇ ਪਿੰਡ ਦੇ ਸਰਪੰਚ ਨੇ ਦੱਸਿਆ ਕਿ ਪ੍ਰਸ਼ਾਸਨ ਵਲੋਂ ਕੰਮ ਕੀਤਾ ਜਾ ਰਿਹਾ ਹੈ। ਸਰਕਾਰ ਦੀਆਂ ਨੀਤੀਆਂ ਬਾਰੇ ਜਾਣਕਾਰੀ ਦਿੱਤੀ ਗਈ ਅਤੇ ਲੋਕਾਂ ਨੇ ਸਹਿਯੋਗ ਦਿੱਤਾ। ਇਸ ਮੌਕੇ ਹਾਜ਼ਰ ਸਨ ਵੱਖ ਵੱਖ ਆਗੂ ਤੇ ਵਰਕਰ। ਨਿਊਜ਼ ਖ਼ਬਰ ਪੰਜਾਬ ਅੰਮ੍ਰਿਤਸਰ ਸਰਕਾਰ ਮੀਟਿੰਗ ਲੋਕਾਂ ਵਿਚ ਸਮਾਗਮ ਅਧਿਕਾਰੀ ਕਿਹਾ ਗਿਆ ਹੈ ਕਿ ਇਸ ਮੌਕੇ ਪਿੰਡ ਦੇ ਸਰਪੰਚ ਨੇ ਦੱਸਿਆ ਕਿ ਪ੍ਰਸ਼ਾਸਨ ਵਲੋਂ ਕੰਮ ਕੀਤਾ ਜਾ ਰਿਹਾ ਹੈ। ਸਰਕਾਰ ਦੀਆਂ ਨੀਤੀਆਂ ਬਾਰੇ ਜਾਣਕਾਰੀ ਦਿੱਤੀ ਗਈ ਅਤੇ ਲੋਕਾਂ ਨੇ ਸਹਿਯੋਗ ਦਿੱਤਾ। ਇਸ ਮੌਕੇ ਹਾਜ਼ਰ ਸਨ ਵੱਖ ਵੱਖ ਆਗੂ ਤੇ ਵਰਕਰ। ਨਿਊਜ਼ ਖ਼ਬਰ ਪੰਜਾਬ ਅੰਮ੍ਰਿਤਸਰ ਸਰਕਾਰ ਮੀਟਿੰਗ ਲੋਕਾਂ ਵਿਚ ਸਮਾਗਮ ਅਧਿਕਾਰੀ ਕਿਹਾ ਗਿਆ ਹੈ ਕਿ ਇਸ ਮੌਕੇ ਪਿੰਡ ਦੇ ਸਰਪੰਚ ਨੇ ਦੱਸਿਆ ਕਿ ਪ੍ਰਸ਼ਾਸਨ ਵਲੋਂ ਕੰਮ ਕੀਤਾ ਜਾ ਰਿਹਾ ਹੈ। ਸਰਕਾਰ ਦੀਆਂ ਨੀਤੀਆਂ ਬਾਰੇ ਜਾਣਕਾਰੀ ਦਿੱਤੀ ਗਈ ਅਤੇ ਲੋਕਾਂ ਨੇ ਸਹਿਯੋਗ ਦਿੱਤਾ।
ਨਿਊਜ਼ ਖ਼ਬਰ ਪੰਜਾਬ ਅੰਮ੍ਰਿਤਸਰ ਸਰਕਾਰ ਮੀਟਿੰਗ ਲੋਕਾਂ ਵਿਚ ਸਮਾਗਮ ਅਧਿਕਾਰੀ ਕਿਹਾ ਗਿਆ ਹੈ ਕਿ ਇਸ ਮੌਕੇ ਪਿੰਡ ਦੇ ਸਰਪੰਚ ਨੇ ਦੱਸਿਆ ਕਿ ਪ੍ਰਸ਼ਾਸਨ ਵਲੋਂ ਕੰਮ ਕੀਤਾ ਜਾ ਰਿਹਾ ਹੈ। ਸਰਕਾਰ ਦੀਆਂ ਨੀਤੀਆਂ ਬਾਰੇ ਜਾਣਕਾਰੀ ਦਿੱਤੀ ਗਈ ਅਤੇ ਲੋਕਾਂ ਨੇ ਸਹਿਯੋਗ ਦਿੱਤਾ। ਇਸ ਮੌਕੇ ਹਾਜ਼ਰ ਸਨ ਵੱਖ ਵੱਖ ਆਗੂ ਤੇ ਵਰਕਰ। ਨਿਊਜ਼ ਖ਼ਬਰ ਪੰਜਾਬ ਅੰਮ੍ਰਿਤਸਰ ਸਰਕਾਰ ਮੀਟਿੰਗ ਲੋਕਾਂ ਵਿਚ ਸਮਾਗਮ ਅਧਿਕਾਰੀ ਕਿਹਾ ਗਿਆ ਹੈ ਕਿ ਇਸ ਮੌਕੇ ਪਿੰਡ ਦੇ ਸਰਪੰਚ ਨੇ ਦੱਸਿਆ ਕਿ ਪ੍ਰਸ਼ਾਸਨ ਵਲੋਂ ਕੰਮ ਕੀਤਾ ਜਾ ਰਿਹਾ ਹੈ। ਸਰਕਾਰ ਦੀਆਂ ਨੀਤੀਆਂ ਬਾਰੇ ਜਾਣਕਾਰੀ ਦਿੱਤੀ ਗਈ ਅਤੇ ਲੋਕਾਂ ਨੇ ਸਹਿਯੋਗ ਦਿੱਤਾ। ਇਸ ਮੌਕੇ ਹਾਜ਼ਰ ਸਨ ਵੱਖ ਵੱਖ ਆਗੂ ਤੇ ਵਰਕਰ। ਨਿਊਜ਼ ਖ਼ਬਰ ਪੰਜਾਬ ਅੰਮ੍ਰਿਤਸਰ ਸਰਕਾਰ ਮੀਟਿੰਗ ਲੋਕਾਂ ਵਿਚ ਸਮਾਗਮ ਅਧਿਕਾਰੀ ਕਿਹਾ ਗਿਆ ਹੈ ਕਿ ਇਸ ਮੌਕੇ ਪਿੰਡ ਦੇ ਸਰਪੰਚ ਨੇ ਦੱਸਿਆ ਕਿ ਪ੍ਰਸ਼ਾਸਨ ਵਲੋਂ ਕੰਮ ਕੀਤਾ ਜਾ ਰਿਹਾ ਹੈ। ਸਰਕਾਰ ਦੀਆਂ ਨੀਤੀਆਂ ਬਾਰੇ ਜਾਣਕਾਰੀ ਦਿੱਤੀ ਗਈ ਅਤੇ ਲੋਕਾਂ ਨੇ ਸਹਿਯੋਗ ਦਿੱਤਾ।
ਨਿਊਜ਼ ਖ਼ਬਰ ਪੰਜਾਬ ਅੰਮ੍ਰਿਤਸਰ ਸਰਕਾਰ ਮੀਟਿੰਗ ਲੋਕਾਂ ਵਿਚ ਸਮਾਗਮ ਅਧਿਕਾਰੀ ਕਿਹਾ ਗਿਆ ਹੈ ਕਿ ਇਸ ਮੌਕੇ ਪਿੰਡ ਦੇ ਸਰਪੰਚ ਨੇ ਦੱਸਿਆ ਕਿ ਪ੍ਰਸ਼ਾਸਨ ਵਲੋਂ ਕੰਮ ਕੀਤਾ ਜਾ ਰਿਹਾ ਹੈ। ਸਰਕਾਰ ਦੀਆਂ ਨੀਤੀਆਂ ਬਾਰੇ ਜਾਣਕਾਰੀ ਦਿੱਤੀ ਗਈ ਅਤੇ ਲੋਕਾਂ ਨੇ ਸਹਿਯੋਗ ਦਿੱਤਾ। ਇਸ ਮੌਕੇ ਹਾਜ਼ਰ ਸਨ ਵੱਖ ਵੱਖ ਆਗੂ ਤੇ ਵਰਕਰ। ਨਿਊਜ਼ ਖ਼ਬਰ ਪੰਜਾਬ ਅੰਮ੍ਰਿਤਸਰ ਸਰਕਾਰ ਮੀਟਿੰਗ ਲੋਕਾਂ ਵਿਚ ਸਮਾਗਮ ਅਧਿਕਾਰੀ ਕਿਹਾ ਗਿਆ ਹੈ ਕਿ ਇਸ ਮੌਕੇ ਪਿੰਡ ਦੇ ਸਰਪੰਚ ਨੇ ਦੱਸਿਆ ਕਿ ਪ੍ਰਸ਼ਾਸਨ ਵਲੋਂ ਕੰਮ ਕੀਤਾ ਜਾ ਰਿਹਾ ਹੈ। ਸਰਕਾਰ ਦੀਆਂ ਨੀਤੀਆਂ ਬਾਰੇ ਜਾਣਕਾਰੀ ਦਿੱਤੀ ਗਈ ਅਤੇ ਲੋਕਾਂ ਨੇ ਸਹਿਯੋਗ ਦਿੱਤਾ। ਇਸ ਮੌਕੇ ਹਾਜ਼ਰ ਸਨ ਵੱਖ ਵੱਖ ਆਗੂ ਤੇ ਵਰਕਰ। ਨਿਊਜ਼ ਖ਼ਬਰ ਪੰਜਾਬ ਅੰਮ੍ਰਿਤਸਰ ਸਰਕਾਰ ਮੀਟਿੰਗ ਲੋਕਾਂ ਵਿਚ ਸਮਾਗਮ ਅਧਿਕਾਰੀ ਕਿਹਾ ਗਿਆ ਹੈ ਕਿ ਇਸ ਮੌਕੇ ਪਿੰਡ ਦੇ ਸਰਪੰਚ ਨੇ ਦੱਸਿਆ ਕਿ ਪ੍ਰਸ਼ਾਸਨ ਵਲੋਂ ਕੰਮ ਕੀਤਾ ਜਾ ਰਿਹਾ ਹੈ। ਸਰਕਾਰ ਦੀਆਂ ਨੀਤੀਆਂ ਬਾਰੇ ਜਾਣਕਾਰੀ ਦਿੱਤੀ ਗਈ ਅਤੇ ਲੋਕਾਂ ਨੇ ਸਹਿਯੋਗ ਦਿੱਤਾ।
ਮੈਨੇਜਰ ਪ੍ਰਗਟ ਸਿੰਘ ਭੇਡਾ ਨੂੰ ਸਨਮਾਨਿਤ ਕਰਦੇ ਹੋਏ।
ਮੈਨੇਜਰ ਪ੍ਰਗਟ ਸਿੰਘ ਭੇਡਾ ਨੇ ਅਹੁਦਾ ਸੰਭਾਲਿਆ
ਨਿਊਜ਼ ਖ਼ਬਰ ਪੰਜਾਬ ਅੰਮ੍ਰਿਤਸਰ ਸਰਕਾਰ ਮੀਟਿੰਗ ਲੋਕਾਂ ਵਿਚ ਸਮਾਗਮ ਅਧਿਕਾਰੀ ਕਿਹਾ ਗਿਆ ਹੈ ਕਿ ਇਸ ਮੌਕੇ ਪਿੰਡ ਦੇ ਸਰਪੰਚ ਨੇ ਦੱਸਿਆ ਕਿ ਪ੍ਰਸ਼ਾਸਨ ਵਲੋਂ ਕੰਮ ਕੀਤਾ ਜਾ ਰਿਹਾ ਹੈ। ਸਰਕਾਰ ਦੀਆਂ ਨੀਤੀਆਂ ਬਾਰੇ ਜਾਣਕਾਰੀ ਦਿੱਤੀ ਗਈ ਅਤੇ ਲੋਕਾਂ ਨੇ ਸਹਿਯੋਗ ਦਿੱਤਾ। ਇਸ ਮੌਕੇ ਹਾਜ਼ਰ ਸਨ ਵੱਖ ਵੱਖ ਆਗੂ ਤੇ ਵਰਕਰ। ਨਿਊਜ਼ ਖ਼ਬਰ ਪੰਜਾਬ ਅੰਮ੍ਰਿਤਸਰ ਸਰਕਾਰ ਮੀਟਿੰਗ ਲੋਕਾਂ ਵਿਚ ਸਮਾਗਮ ਅਧਿਕਾਰੀ ਕਿਹਾ ਗਿਆ ਹੈ ਕਿ ਇਸ ਮੌਕੇ ਪਿੰਡ ਦੇ ਸਰਪੰਚ ਨੇ ਦੱਸਿਆ ਕਿ ਪ੍ਰਸ਼ਾਸਨ ਵਲੋਂ ਕੰਮ ਕੀਤਾ ਜਾ ਰਿਹਾ ਹੈ। ਸਰਕਾਰ ਦੀਆਂ ਨੀਤੀਆਂ ਬਾਰੇ ਜਾਣਕਾਰੀ ਦਿੱਤੀ ਗਈ ਅਤੇ ਲੋਕਾਂ ਨੇ ਸਹਿਯੋਗ ਦਿੱਤਾ। ਇਸ ਮੌਕੇ ਹਾਜ਼ਰ ਸਨ ਵੱਖ ਵੱਖ ਆਗੂ ਤੇ ਵਰਕਰ। ਨਿਊਜ਼ ਖ਼ਬਰ ਪੰਜਾਬ ਅੰਮ੍ਰਿਤਸਰ ਸਰਕਾਰ ਮੀਟਿੰਗ ਲੋਕਾਂ ਵਿਚ ਸਮਾਗਮ ਅਧਿਕਾਰੀ ਕਿਹਾ ਗਿਆ ਹੈ ਕਿ ਇਸ ਮੌਕੇ ਪਿੰਡ ਦੇ ਸਰਪੰਚ ਨੇ ਦੱਸਿਆ ਕਿ ਪ੍ਰਸ਼ਾਸਨ ਵਲੋਂ ਕੰਮ ਕੀਤਾ ਜਾ ਰਿਹਾ ਹੈ। ਸਰਕਾਰ ਦੀਆਂ ਨੀਤੀਆਂ ਬਾਰੇ ਜਾਣਕਾਰੀ ਦਿੱਤੀ ਗਈ ਅਤੇ ਲੋਕਾਂ ਨੇ ਸਹਿਯੋਗ ਦਿੱਤਾ।
ਸਰਹੱਦੀ ਪਿੰਡ ਖੇਮਕਰਨਵਾਲਾ ਵਿਖੇ ਅੱਖਾਂ ਦੇ ਕੈਂਪ ਦੌਰਾਨ 103 ਬਜ਼ੁਰਗਾਂ ਨੂੰ ਮੁਫ਼ਤ ਐਨਕਾਂ ਦਿੱਤੀਆਂ
ਨਿਊਜ਼ ਖ਼ਬਰ ਪੰਜਾਬ ਅੰਮ੍ਰਿਤਸਰ ਸਰਕਾਰ ਮੀਟਿੰਗ ਲੋਕਾਂ ਵਿਚ ਸਮਾਗਮ ਅਧਿਕਾਰੀ ਕਿਹਾ ਗਿਆ ਹੈ ਕਿ ਇਸ ਮੌਕੇ ਪਿੰਡ ਦੇ ਸਰਪੰਚ ਨੇ ਦੱਸਿਆ ਕਿ ਪ੍ਰਸ਼ਾਸਨ ਵਲੋਂ ਕੰਮ ਕੀਤਾ ਜਾ ਰਿਹਾ ਹੈ। ਸਰਕਾਰ ਦੀਆਂ ਨੀਤੀਆਂ ਬਾਰੇ ਜਾਣਕਾਰੀ ਦਿੱਤੀ ਗਈ ਅਤੇ ਲੋਕਾਂ ਨੇ ਸਹਿਯੋਗ ਦਿੱਤਾ। ਇਸ ਮੌਕੇ ਹਾਜ਼ਰ ਸਨ ਵੱਖ ਵੱਖ ਆਗੂ ਤੇ ਵਰਕਰ। ਨਿਊਜ਼ ਖ਼ਬਰ ਪੰਜਾਬ ਅੰਮ੍ਰਿਤਸਰ ਸਰਕਾਰ ਮੀਟਿੰਗ ਲੋਕਾਂ ਵਿਚ ਸਮਾਗਮ ਅਧਿਕਾਰੀ ਕਿਹਾ ਗਿਆ ਹੈ ਕਿ ਇਸ ਮੌਕੇ ਪਿੰਡ ਦੇ ਸਰਪੰਚ ਨੇ ਦੱਸਿਆ ਕਿ ਪ੍ਰਸ਼ਾਸਨ ਵਲੋਂ ਕੰਮ ਕੀਤਾ ਜਾ ਰਿਹਾ ਹੈ। ਸਰਕਾਰ ਦੀਆਂ ਨੀਤੀਆਂ ਬਾਰੇ ਜਾਣਕਾਰੀ ਦਿੱਤੀ ਗਈ ਅਤੇ ਲੋਕਾਂ ਨੇ ਸਹਿਯੋਗ ਦਿੱਤਾ। ਇਸ ਮੌਕੇ ਹਾਜ਼ਰ ਸਨ ਵੱਖ ਵੱਖ ਆਗੂ ਤੇ ਵਰਕਰ। ਨਿਊਜ਼ ਖ਼ਬਰ ਪੰਜਾਬ ਅੰਮ੍ਰਿਤਸਰ ਸਰਕਾਰ ਮੀਟਿੰਗ ਲੋਕਾਂ ਵਿਚ ਸਮਾਗਮ ਅਧਿਕਾਰੀ ਕਿਹਾ ਗਿਆ ਹੈ ਕਿ ਇਸ ਮੌਕੇ ਪਿੰਡ ਦੇ ਸਰਪੰਚ ਨੇ ਦੱਸਿਆ ਕਿ ਪ੍ਰਸ਼ਾਸਨ ਵਲੋਂ ਕੰਮ ਕੀਤਾ ਜਾ ਰਿਹਾ ਹੈ। ਸਰਕਾਰ ਦੀਆਂ ਨੀਤੀਆਂ ਬਾਰੇ ਜਾਣਕਾਰੀ ਦਿੱਤੀ ਗਈ ਅਤੇ ਲੋਕਾਂ ਨੇ ਸਹਿਯੋਗ ਦਿੱਤਾ।
ਅੱਖਾਂ ਦੇ ਕੈਂਪ ਦੌਰਾਨ ਬਜ਼ੁਰਗਾਂ ਨੂੰ ਐਨਕਾਂ ਵੰਡਦੇ ਹੋਏ।
ਮੰਜ਼ੂਰ ਸਰਕਾਰ ਸਰਵ ਆਂਗਣਵਾੜੀ ਵਰਕਰ ਯੂਨੀਅਨ ਦੀਆਂ ਮੰਗਾਂ ਤੁਰੰਤ ਹੱਲ ਕਰੇ - ਫ਼ੌਜ਼ਾ
ਨਿਊਜ਼ ਖ਼ਬਰ ਪੰਜਾਬ ਅੰਮ੍ਰਿਤਸਰ ਸਰਕਾਰ ਮੀਟਿੰਗ ਲੋਕਾਂ ਵਿਚ ਸਮਾਗਮ ਅਧਿਕਾਰੀ ਕਿਹਾ ਗਿਆ ਹੈ ਕਿ ਇਸ ਮੌਕੇ ਪਿੰਡ ਦੇ ਸਰਪੰਚ ਨੇ ਦੱਸਿਆ ਕਿ ਪ੍ਰਸ਼ਾਸਨ ਵਲੋਂ ਕੰਮ ਕੀਤਾ ਜਾ ਰਿਹਾ ਹੈ। ਸਰਕਾਰ ਦੀਆਂ ਨੀਤੀਆਂ ਬਾਰੇ ਜਾਣਕਾਰੀ ਦਿੱਤੀ ਗਈ ਅਤੇ ਲੋਕਾਂ ਨੇ ਸਹਿਯੋਗ ਦਿੱਤਾ। ਇਸ ਮੌਕੇ ਹਾਜ਼ਰ ਸਨ ਵੱਖ ਵੱਖ ਆਗੂ ਤੇ ਵਰਕਰ। ਨਿਊਜ਼ ਖ਼ਬਰ ਪੰਜਾਬ ਅੰਮ੍ਰਿਤਸਰ ਸਰਕਾਰ ਮੀਟਿੰਗ ਲੋਕਾਂ ਵਿਚ ਸਮਾਗਮ ਅਧਿਕਾਰੀ ਕਿਹਾ ਗਿਆ ਹੈ ਕਿ ਇਸ ਮੌਕੇ ਪਿੰਡ ਦੇ ਸਰਪੰਚ ਨੇ ਦੱਸਿਆ ਕਿ ਪ੍ਰਸ਼ਾਸਨ ਵਲੋਂ ਕੰਮ ਕੀਤਾ ਜਾ ਰਿਹਾ ਹੈ। ਸਰਕਾਰ ਦੀਆਂ ਨੀਤੀਆਂ ਬਾਰੇ ਜਾਣਕਾਰੀ ਦਿੱਤੀ ਗਈ ਅਤੇ ਲੋਕਾਂ ਨੇ ਸਹਿਯੋਗ ਦਿੱਤਾ। ਇਸ ਮੌਕੇ ਹਾਜ਼ਰ ਸਨ ਵੱਖ ਵੱਖ ਆਗੂ ਤੇ ਵਰਕਰ। ਨਿਊਜ਼ ਖ਼ਬਰ ਪੰਜਾਬ ਅੰਮ੍ਰਿਤਸਰ ਸਰਕਾਰ ਮੀਟਿੰਗ ਲੋਕਾਂ ਵਿਚ ਸਮਾਗਮ ਅਧਿਕਾਰੀ ਕਿਹਾ ਗਿਆ ਹੈ ਕਿ ਇਸ ਮੌਕੇ ਪਿੰਡ ਦੇ ਸਰਪੰਚ ਨੇ ਦੱਸਿਆ ਕਿ ਪ੍ਰਸ਼ਾਸਨ ਵਲੋਂ ਕੰਮ ਕੀਤਾ ਜਾ ਰਿਹਾ ਹੈ। ਸਰਕਾਰ ਦੀਆਂ ਨੀਤੀਆਂ ਬਾਰੇ ਜਾਣਕਾਰੀ ਦਿੱਤੀ ਗਈ ਅਤੇ ਲੋਕਾਂ ਨੇ ਸਹਿਯੋਗ ਦਿੱਤਾ।
ਸਰਕਾਰ ਕਰਮਚਾਰੀਆਂ ਨਾਲ ਕੀਤੇ ਵਾਅਦੇ ਪੂਰੇ ਕਰੇ
ਨਿਊਜ਼ ਖ਼ਬਰ ਪੰਜਾਬ ਅੰਮ੍ਰਿਤਸਰ ਸਰਕਾਰ ਮੀਟਿੰਗ ਲੋਕਾਂ ਵਿਚ ਸਮਾਗਮ ਅਧਿਕਾਰੀ ਕਿਹਾ ਗਿਆ ਹੈ ਕਿ ਇਸ ਮੌਕੇ ਪਿੰਡ ਦੇ ਸਰਪੰਚ ਨੇ ਦੱਸਿਆ ਕਿ ਪ੍ਰਸ਼ਾਸਨ ਵਲੋਂ ਕੰਮ ਕੀਤਾ ਜਾ ਰਿਹਾ ਹੈ। ਸਰਕਾਰ ਦੀਆਂ ਨੀਤੀਆਂ ਬਾਰੇ ਜਾਣਕਾਰੀ ਦਿੱਤੀ ਗਈ ਅਤੇ ਲੋਕਾਂ ਨੇ ਸਹਿਯੋਗ ਦਿੱਤਾ। ਇਸ ਮੌਕੇ ਹਾਜ਼ਰ ਸਨ ਵੱਖ ਵੱਖ ਆਗੂ ਤੇ ਵਰਕਰ। ਨਿਊਜ਼ ਖ਼ਬਰ ਪੰਜਾਬ ਅੰਮ੍ਰਿਤਸਰ ਸਰਕਾਰ ਮੀਟਿੰਗ ਲੋਕਾਂ ਵਿਚ ਸਮਾਗਮ ਅਧਿਕਾਰੀ ਕਿਹਾ ਗਿਆ ਹੈ ਕਿ ਇਸ ਮੌਕੇ ਪਿੰਡ ਦੇ ਸਰਪੰਚ ਨੇ ਦੱਸਿਆ ਕਿ ਪ੍ਰਸ਼ਾਸਨ ਵਲੋਂ ਕੰਮ ਕੀਤਾ ਜਾ ਰਿਹਾ ਹੈ। ਸਰਕਾਰ ਦੀਆਂ ਨੀਤੀਆਂ ਬਾਰੇ ਜਾਣਕਾਰੀ ਦਿੱਤੀ ਗਈ ਅਤੇ ਲੋਕਾਂ ਨੇ ਸਹਿਯੋਗ ਦਿੱਤਾ। ਇਸ ਮੌਕੇ ਹਾਜ਼ਰ ਸਨ ਵੱਖ ਵੱਖ ਆਗੂ ਤੇ ਵਰਕਰ। ਨਿਊਜ਼ ਖ਼ਬਰ ਪੰਜਾਬ ਅੰਮ੍ਰਿਤਸਰ ਸਰਕਾਰ ਮੀਟਿੰਗ ਲੋਕਾਂ ਵਿਚ ਸਮਾਗਮ ਅਧਿਕਾਰੀ ਕਿਹਾ ਗਿਆ ਹੈ ਕਿ ਇਸ ਮੌਕੇ ਪਿੰਡ ਦੇ ਸਰਪੰਚ ਨੇ ਦੱਸਿਆ ਕਿ ਪ੍ਰਸ਼ਾਸਨ ਵਲੋਂ ਕੰਮ ਕੀਤਾ ਜਾ ਰਿਹਾ ਹੈ। ਸਰਕਾਰ ਦੀਆਂ ਨੀਤੀਆਂ ਬਾਰੇ ਜਾਣਕਾਰੀ ਦਿੱਤੀ ਗਈ ਅਤੇ ਲੋਕਾਂ ਨੇ ਸਹਿਯੋਗ ਦਿੱਤਾ।
ਨਿਊਜ਼ ਖ਼ਬਰ ਪੰਜਾਬ ਅੰਮ੍ਰਿਤਸਰ ਸਰਕਾਰ ਮੀਟਿੰਗ ਲੋਕਾਂ ਵਿਚ ਸਮਾਗਮ ਅਧਿਕਾਰੀ ਕਿਹਾ ਗਿਆ ਹੈ ਕਿ ਇਸ ਮੌਕੇ ਪਿੰਡ ਦੇ ਸਰਪੰਚ ਨੇ ਦੱਸਿਆ ਕਿ ਪ੍ਰਸ਼ਾਸਨ ਵਲੋਂ ਕੰਮ ਕੀਤਾ ਜਾ ਰਿਹਾ ਹੈ। ਸਰਕਾਰ ਦੀਆਂ ਨੀਤੀਆਂ ਬਾਰੇ ਜਾਣਕਾਰੀ ਦਿੱਤੀ ਗਈ ਅਤੇ ਲੋਕਾਂ ਨੇ ਸਹਿਯੋਗ ਦਿੱਤਾ। ਇਸ ਮੌਕੇ ਹਾਜ਼ਰ ਸਨ ਵੱਖ ਵੱਖ ਆਗੂ ਤੇ ਵਰਕਰ। ਨਿਊਜ਼ ਖ਼ਬਰ ਪੰਜਾਬ ਅੰਮ੍ਰਿਤਸਰ ਸਰਕਾਰ ਮੀਟਿੰਗ ਲੋਕਾਂ ਵਿਚ ਸਮਾਗਮ ਅਧਿਕਾਰੀ ਕਿਹਾ ਗਿਆ ਹੈ ਕਿ ਇਸ ਮੌਕੇ ਪਿੰਡ ਦੇ ਸਰਪੰਚ ਨੇ ਦੱਸਿਆ ਕਿ ਪ੍ਰਸ਼ਾਸਨ ਵਲੋਂ ਕੰਮ ਕੀਤਾ ਜਾ ਰਿਹਾ ਹੈ। ਸਰਕਾਰ ਦੀਆਂ ਨੀਤੀਆਂ ਬਾਰੇ ਜਾਣਕਾਰੀ ਦਿੱਤੀ ਗਈ ਅਤੇ ਲੋਕਾਂ ਨੇ ਸਹਿਯੋਗ ਦਿੱਤਾ। ਇਸ ਮੌਕੇ ਹਾਜ਼ਰ ਸਨ ਵੱਖ ਵੱਖ ਆਗੂ ਤੇ ਵਰਕਰ। ਨਿਊਜ਼ ਖ਼ਬਰ ਪੰਜਾਬ ਅੰਮ੍ਰਿਤਸਰ ਸਰਕਾਰ ਮੀਟਿੰਗ ਲੋਕਾਂ ਵਿਚ ਸਮਾਗਮ ਅਧਿਕਾਰੀ ਕਿਹਾ ਗਿਆ ਹੈ ਕਿ ਇਸ ਮੌਕੇ ਪਿੰਡ ਦੇ ਸਰਪੰਚ ਨੇ ਦੱਸਿਆ ਕਿ ਪ੍ਰਸ਼ਾਸਨ ਵਲੋਂ ਕੰਮ ਕੀਤਾ ਜਾ ਰਿਹਾ ਹੈ। ਸਰਕਾਰ ਦੀਆਂ ਨੀਤੀਆਂ ਬਾਰੇ ਜਾਣਕਾਰੀ ਦਿੱਤੀ ਗਈ ਅਤੇ ਲੋਕਾਂ ਨੇ ਸਹਿਯੋਗ ਦਿੱਤਾ।
CMYK	Amritsar Ajit · Page 9
